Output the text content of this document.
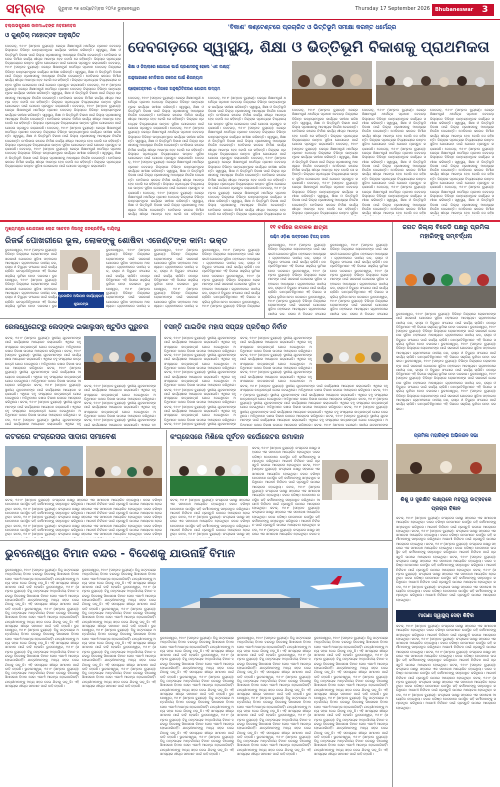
ସମ୍ବାଦ	ଗୁରୁବାର ୧୭ ସେପ୍ଟେମ୍ବର ୨୦୨୬ ଭୁବନେଶ୍ୱର	Thursday 17 September 2026 Bhubaneswar 3
ବଲ୍ଲଭପୁରରେ ନୀଳମାଧବଙ୍କ ନବକଳେବର
ଓ ଗୁଣ୍ଡିଚା ମହୋତ୍ସବ ଅନୁଷ୍ଠିତ
ଦେବଗଡ଼, ୧୬।୯ (ସମ୍ବାଦ ବ୍ୟୁରୋ): କେନ୍ଦ୍ର ଶିକ୍ଷାମନ୍ତ୍ରୀ ଧର୍ମେନ୍ଦ୍ର ପ୍ରଧାନ ଦେବଗଡ଼ ଜିଲ୍ଲାରେ ବିଭିନ୍ନ ଉନ୍ନୟନମୂଳକ କାର୍ଯ୍ୟର ସମୀକ୍ଷା କରିଛନ୍ତି। ସ୍ୱାସ୍ଥ୍ୟ, ଶିକ୍ଷା ଓ ଭିତ୍ତିଭୂମି ବିକାଶ ପାଇଁ ଜିଲ୍ଲା ପ୍ରଶାସନକୁ ଆବଶ୍ୟକ ନିର୍ଦ୍ଦେଶ ଦେଇଛନ୍ତି। ମେଡିକାଲ କଲେଜ ନିର୍ମାଣ କାର୍ଯ୍ୟ ଶୀଘ୍ର ଆରମ୍ଭ ହେବ ବୋଲି ସେ କହିଛନ୍ତି। ଜିଲ୍ଲାର ପ୍ରତ୍ୟେକ ବିଦ୍ୟାଳୟରେ ଉନ୍ନତ ସୁବିଧା ଯୋଗାଇବା ପାଇଁ ଯୋଜନା ପ୍ରସ୍ତୁତ କରାଯାଉଛି। ଦେବଗଡ଼, ୧୬।୯ (ସମ୍ବାଦ ବ୍ୟୁରୋ): କେନ୍ଦ୍ର ଶିକ୍ଷାମନ୍ତ୍ରୀ ଧର୍ମେନ୍ଦ୍ର ପ୍ରଧାନ ଦେବଗଡ଼ ଜିଲ୍ଲାରେ ବିଭିନ୍ନ ଉନ୍ନୟନମୂଳକ କାର୍ଯ୍ୟର ସମୀକ୍ଷା କରିଛନ୍ତି। ସ୍ୱାସ୍ଥ୍ୟ, ଶିକ୍ଷା ଓ ଭିତ୍ତିଭୂମି ବିକାଶ ପାଇଁ ଜିଲ୍ଲା ପ୍ରଶାସନକୁ ଆବଶ୍ୟକ ନିର୍ଦ୍ଦେଶ ଦେଇଛନ୍ତି। ମେଡିକାଲ କଲେଜ ନିର୍ମାଣ କାର୍ଯ୍ୟ ଶୀଘ୍ର ଆରମ୍ଭ ହେବ ବୋଲି ସେ କହିଛନ୍ତି। ଜିଲ୍ଲାର ପ୍ରତ୍ୟେକ ବିଦ୍ୟାଳୟରେ ଉନ୍ନତ ସୁବିଧା ଯୋଗାଇବା ପାଇଁ ଯୋଜନା ପ୍ରସ୍ତୁତ କରାଯାଉଛି। ଦେବଗଡ଼, ୧୬।୯ (ସମ୍ବାଦ ବ୍ୟୁରୋ): କେନ୍ଦ୍ର ଶିକ୍ଷାମନ୍ତ୍ରୀ ଧର୍ମେନ୍ଦ୍ର ପ୍ରଧାନ ଦେବଗଡ଼ ଜିଲ୍ଲାରେ ବିଭିନ୍ନ ଉନ୍ନୟନମୂଳକ କାର୍ଯ୍ୟର ସମୀକ୍ଷା କରିଛନ୍ତି। ସ୍ୱାସ୍ଥ୍ୟ, ଶିକ୍ଷା ଓ ଭିତ୍ତିଭୂମି ବିକାଶ ପାଇଁ ଜିଲ୍ଲା ପ୍ରଶାସନକୁ ଆବଶ୍ୟକ ନିର୍ଦ୍ଦେଶ ଦେଇଛନ୍ତି। ମେଡିକାଲ କଲେଜ ନିର୍ମାଣ କାର୍ଯ୍ୟ ଶୀଘ୍ର ଆରମ୍ଭ ହେବ ବୋଲି ସେ କହିଛନ୍ତି। ଜିଲ୍ଲାର ପ୍ରତ୍ୟେକ ବିଦ୍ୟାଳୟରେ ଉନ୍ନତ ସୁବିଧା ଯୋଗାଇବା ପାଇଁ ଯୋଜନା ପ୍ରସ୍ତୁତ କରାଯାଉଛି। ଦେବଗଡ଼, ୧୬।୯ (ସମ୍ବାଦ ବ୍ୟୁରୋ): କେନ୍ଦ୍ର ଶିକ୍ଷାମନ୍ତ୍ରୀ ଧର୍ମେନ୍ଦ୍ର ପ୍ରଧାନ ଦେବଗଡ଼ ଜିଲ୍ଲାରେ ବିଭିନ୍ନ ଉନ୍ନୟନମୂଳକ କାର୍ଯ୍ୟର ସମୀକ୍ଷା କରିଛନ୍ତି। ସ୍ୱାସ୍ଥ୍ୟ, ଶିକ୍ଷା ଓ ଭିତ୍ତିଭୂମି ବିକାଶ ପାଇଁ ଜିଲ୍ଲା ପ୍ରଶାସନକୁ ଆବଶ୍ୟକ ନିର୍ଦ୍ଦେଶ ଦେଇଛନ୍ତି। ମେଡିକାଲ କଲେଜ ନିର୍ମାଣ କାର୍ଯ୍ୟ ଶୀଘ୍ର ଆରମ୍ଭ ହେବ ବୋଲି ସେ କହିଛନ୍ତି। ଜିଲ୍ଲାର ପ୍ରତ୍ୟେକ ବିଦ୍ୟାଳୟରେ ଉନ୍ନତ ସୁବିଧା ଯୋଗାଇବା ପାଇଁ ଯୋଜନା ପ୍ରସ୍ତୁତ କରାଯାଉଛି। ଦେବଗଡ଼, ୧୬।୯ (ସମ୍ବାଦ ବ୍ୟୁରୋ): କେନ୍ଦ୍ର ଶିକ୍ଷାମନ୍ତ୍ରୀ ଧର୍ମେନ୍ଦ୍ର ପ୍ରଧାନ ଦେବଗଡ଼ ଜିଲ୍ଲାରେ ବିଭିନ୍ନ ଉନ୍ନୟନମୂଳକ କାର୍ଯ୍ୟର ସମୀକ୍ଷା କରିଛନ୍ତି। ସ୍ୱାସ୍ଥ୍ୟ, ଶିକ୍ଷା ଓ ଭିତ୍ତିଭୂମି ବିକାଶ ପାଇଁ ଜିଲ୍ଲା ପ୍ରଶାସନକୁ ଆବଶ୍ୟକ ନିର୍ଦ୍ଦେଶ ଦେଇଛନ୍ତି। ମେଡିକାଲ କଲେଜ ନିର୍ମାଣ କାର୍ଯ୍ୟ ଶୀଘ୍ର ଆରମ୍ଭ ହେବ ବୋଲି ସେ କହିଛନ୍ତି। ଜିଲ୍ଲାର ପ୍ରତ୍ୟେକ ବିଦ୍ୟାଳୟରେ ଉନ୍ନତ ସୁବିଧା ଯୋଗାଇବା ପାଇଁ ଯୋଜନା ପ୍ରସ୍ତୁତ କରାଯାଉଛି। ଦେବଗଡ଼, ୧୬।୯ (ସମ୍ବାଦ ବ୍ୟୁରୋ): କେନ୍ଦ୍ର ଶିକ୍ଷାମନ୍ତ୍ରୀ ଧର୍ମେନ୍ଦ୍ର ପ୍ରଧାନ ଦେବଗଡ଼ ଜିଲ୍ଲାରେ ବିଭିନ୍ନ ଉନ୍ନୟନମୂଳକ କାର୍ଯ୍ୟର ସମୀକ୍ଷା କରିଛନ୍ତି। ସ୍ୱାସ୍ଥ୍ୟ, ଶିକ୍ଷା ଓ ଭିତ୍ତିଭୂମି ବିକାଶ ପାଇଁ ଜିଲ୍ଲା ପ୍ରଶାସନକୁ ଆବଶ୍ୟକ ନିର୍ଦ୍ଦେଶ ଦେଇଛନ୍ତି। ମେଡିକାଲ କଲେଜ ନିର୍ମାଣ କାର୍ଯ୍ୟ ଶୀଘ୍ର ଆରମ୍ଭ ହେବ ବୋଲି ସେ କହିଛନ୍ତି। ଜିଲ୍ଲାର ପ୍ରତ୍ୟେକ ବିଦ୍ୟାଳୟରେ ଉନ୍ନତ ସୁବିଧା ଯୋଗାଇବା ପାଇଁ ଯୋଜନା ପ୍ରସ୍ତୁତ କରାଯାଉଛି।
'ବିକାଶ' କଣ୍ଟେଣ୍ଟରେ ପ୍ରଚାରିତ ଓ ଭିତ୍ତିଭୂମି ସମୀକ୍ଷା କରନ୍ତ ଧର୍ମେନ୍ଦ୍ର
ଦେବଗଡ଼ରେ ସ୍ୱାସ୍ଥ୍ୟ, ଶିକ୍ଷା ଓ ଭିତ୍ତିଭୂମି ବିକାଶକୁ ପ୍ରାଥମିକତା
ଶିକ୍ଷା ଓ ଜିଲ୍ଲାରେ ଯୋଗାଣ ପାଇଁ ପ୍ରଶାସନକୁ ହେଲେ 'ଏକ ଲକ୍ଷ୍ୟ'
ଜାନୁଆରୀରେ ମେଡିକାଲ କଲେଜ ପାଇଁ ଶିଳାନ୍ୟାସ
ପ୍ରୋଜେକ୍ଟରେ ଏ ଦିଗରେ ଅନୁଷ୍ଠିତିକରଣ ଯୋଜନା ଉଦ୍ୟମ
ଦେବଗଡ଼, ୧୬।୯ (ସମ୍ବାଦ ବ୍ୟୁରୋ): କେନ୍ଦ୍ର ଶିକ୍ଷାମନ୍ତ୍ରୀ ଧର୍ମେନ୍ଦ୍ର ପ୍ରଧାନ ଦେବଗଡ଼ ଜିଲ୍ଲାରେ ବିଭିନ୍ନ ଉନ୍ନୟନମୂଳକ କାର୍ଯ୍ୟର ସମୀକ୍ଷା କରିଛନ୍ତି। ସ୍ୱାସ୍ଥ୍ୟ, ଶିକ୍ଷା ଓ ଭିତ୍ତିଭୂମି ବିକାଶ ପାଇଁ ଜିଲ୍ଲା ପ୍ରଶାସନକୁ ଆବଶ୍ୟକ ନିର୍ଦ୍ଦେଶ ଦେଇଛନ୍ତି। ମେଡିକାଲ କଲେଜ ନିର୍ମାଣ କାର୍ଯ୍ୟ ଶୀଘ୍ର ଆରମ୍ଭ ହେବ ବୋଲି ସେ କହିଛନ୍ତି। ଜିଲ୍ଲାର ପ୍ରତ୍ୟେକ ବିଦ୍ୟାଳୟରେ ଉନ୍ନତ ସୁବିଧା ଯୋଗାଇବା ପାଇଁ ଯୋଜନା ପ୍ରସ୍ତୁତ କରାଯାଉଛି। ଦେବଗଡ଼, ୧୬।୯ (ସମ୍ବାଦ ବ୍ୟୁରୋ): କେନ୍ଦ୍ର ଶିକ୍ଷାମନ୍ତ୍ରୀ ଧର୍ମେନ୍ଦ୍ର ପ୍ରଧାନ ଦେବଗଡ଼ ଜିଲ୍ଲାରେ ବିଭିନ୍ନ ଉନ୍ନୟନମୂଳକ କାର୍ଯ୍ୟର ସମୀକ୍ଷା କରିଛନ୍ତି। ସ୍ୱାସ୍ଥ୍ୟ, ଶିକ୍ଷା ଓ ଭିତ୍ତିଭୂମି ବିକାଶ ପାଇଁ ଜିଲ୍ଲା ପ୍ରଶାସନକୁ ଆବଶ୍ୟକ ନିର୍ଦ୍ଦେଶ ଦେଇଛନ୍ତି। ମେଡିକାଲ କଲେଜ ନିର୍ମାଣ କାର୍ଯ୍ୟ ଶୀଘ୍ର ଆରମ୍ଭ ହେବ ବୋଲି ସେ କହିଛନ୍ତି। ଜିଲ୍ଲାର ପ୍ରତ୍ୟେକ ବିଦ୍ୟାଳୟରେ ଉନ୍ନତ ସୁବିଧା ଯୋଗାଇବା ପାଇଁ ଯୋଜନା ପ୍ରସ୍ତୁତ କରାଯାଉଛି। ଦେବଗଡ଼, ୧୬।୯ (ସମ୍ବାଦ ବ୍ୟୁରୋ): କେନ୍ଦ୍ର ଶିକ୍ଷାମନ୍ତ୍ରୀ ଧର୍ମେନ୍ଦ୍ର ପ୍ରଧାନ ଦେବଗଡ଼ ଜିଲ୍ଲାରେ ବିଭିନ୍ନ ଉନ୍ନୟନମୂଳକ କାର୍ଯ୍ୟର ସମୀକ୍ଷା କରିଛନ୍ତି। ସ୍ୱାସ୍ଥ୍ୟ, ଶିକ୍ଷା ଓ ଭିତ୍ତିଭୂମି ବିକାଶ ପାଇଁ ଜିଲ୍ଲା ପ୍ରଶାସନକୁ ଆବଶ୍ୟକ ନିର୍ଦ୍ଦେଶ ଦେଇଛନ୍ତି। ମେଡିକାଲ କଲେଜ ନିର୍ମାଣ କାର୍ଯ୍ୟ ଶୀଘ୍ର ଆରମ୍ଭ ହେବ ବୋଲି ସେ କହିଛନ୍ତି। ଜିଲ୍ଲାର ପ୍ରତ୍ୟେକ ବିଦ୍ୟାଳୟରେ ଉନ୍ନତ ସୁବିଧା ଯୋଗାଇବା ପାଇଁ ଯୋଜନା ପ୍ରସ୍ତୁତ କରାଯାଉଛି। ଦେବଗଡ଼, ୧୬।୯ (ସମ୍ବାଦ ବ୍ୟୁରୋ): କେନ୍ଦ୍ର ଶିକ୍ଷାମନ୍ତ୍ରୀ ଧର୍ମେନ୍ଦ୍ର ପ୍ରଧାନ ଦେବଗଡ଼ ଜିଲ୍ଲାରେ ବିଭିନ୍ନ ଉନ୍ନୟନମୂଳକ କାର୍ଯ୍ୟର ସମୀକ୍ଷା କରିଛନ୍ତି। ସ୍ୱାସ୍ଥ୍ୟ, ଶିକ୍ଷା ଓ ଭିତ୍ତିଭୂମି ବିକାଶ ପାଇଁ ଜିଲ୍ଲା ପ୍ରଶାସନକୁ ଆବଶ୍ୟକ ନିର୍ଦ୍ଦେଶ ଦେଇଛନ୍ତି। ମେଡିକାଲ କଲେଜ ନିର୍ମାଣ କାର୍ଯ୍ୟ ଶୀଘ୍ର ଆରମ୍ଭ ହେବ ବୋଲି ସେ କହିଛନ୍ତି।
ଦେବଗଡ଼, ୧୬।୯ (ସମ୍ବାଦ ବ୍ୟୁରୋ): କେନ୍ଦ୍ର ଶିକ୍ଷାମନ୍ତ୍ରୀ ଧର୍ମେନ୍ଦ୍ର ପ୍ରଧାନ ଦେବଗଡ଼ ଜିଲ୍ଲାରେ ବିଭିନ୍ନ ଉନ୍ନୟନମୂଳକ କାର୍ଯ୍ୟର ସମୀକ୍ଷା କରିଛନ୍ତି। ସ୍ୱାସ୍ଥ୍ୟ, ଶିକ୍ଷା ଓ ଭିତ୍ତିଭୂମି ବିକାଶ ପାଇଁ ଜିଲ୍ଲା ପ୍ରଶାସନକୁ ଆବଶ୍ୟକ ନିର୍ଦ୍ଦେଶ ଦେଇଛନ୍ତି। ମେଡିକାଲ କଲେଜ ନିର୍ମାଣ କାର୍ଯ୍ୟ ଶୀଘ୍ର ଆରମ୍ଭ ହେବ ବୋଲି ସେ କହିଛନ୍ତି। ଜିଲ୍ଲାର ପ୍ରତ୍ୟେକ ବିଦ୍ୟାଳୟରେ ଉନ୍ନତ ସୁବିଧା ଯୋଗାଇବା ପାଇଁ ଯୋଜନା ପ୍ରସ୍ତୁତ କରାଯାଉଛି। ଦେବଗଡ଼, ୧୬।୯ (ସମ୍ବାଦ ବ୍ୟୁରୋ): କେନ୍ଦ୍ର ଶିକ୍ଷାମନ୍ତ୍ରୀ ଧର୍ମେନ୍ଦ୍ର ପ୍ରଧାନ ଦେବଗଡ଼ ଜିଲ୍ଲାରେ ବିଭିନ୍ନ ଉନ୍ନୟନମୂଳକ କାର୍ଯ୍ୟର ସମୀକ୍ଷା କରିଛନ୍ତି। ସ୍ୱାସ୍ଥ୍ୟ, ଶିକ୍ଷା ଓ ଭିତ୍ତିଭୂମି ବିକାଶ ପାଇଁ ଜିଲ୍ଲା ପ୍ରଶାସନକୁ ଆବଶ୍ୟକ ନିର୍ଦ୍ଦେଶ ଦେଇଛନ୍ତି। ମେଡିକାଲ କଲେଜ ନିର୍ମାଣ କାର୍ଯ୍ୟ ଶୀଘ୍ର ଆରମ୍ଭ ହେବ ବୋଲି ସେ କହିଛନ୍ତି। ଜିଲ୍ଲାର ପ୍ରତ୍ୟେକ ବିଦ୍ୟାଳୟରେ ଉନ୍ନତ ସୁବିଧା ଯୋଗାଇବା ପାଇଁ ଯୋଜନା ପ୍ରସ୍ତୁତ କରାଯାଉଛି। ଦେବଗଡ଼, ୧୬।୯ (ସମ୍ବାଦ ବ୍ୟୁରୋ): କେନ୍ଦ୍ର ଶିକ୍ଷାମନ୍ତ୍ରୀ ଧର୍ମେନ୍ଦ୍ର ପ୍ରଧାନ ଦେବଗଡ଼ ଜିଲ୍ଲାରେ ବିଭିନ୍ନ ଉନ୍ନୟନମୂଳକ କାର୍ଯ୍ୟର ସମୀକ୍ଷା କରିଛନ୍ତି। ସ୍ୱାସ୍ଥ୍ୟ, ଶିକ୍ଷା ଓ ଭିତ୍ତିଭୂମି ବିକାଶ ପାଇଁ ଜିଲ୍ଲା ପ୍ରଶାସନକୁ ଆବଶ୍ୟକ ନିର୍ଦ୍ଦେଶ ଦେଇଛନ୍ତି। ମେଡିକାଲ କଲେଜ ନିର୍ମାଣ କାର୍ଯ୍ୟ ଶୀଘ୍ର ଆରମ୍ଭ ହେବ ବୋଲି ସେ କହିଛନ୍ତି। ଜିଲ୍ଲାର ପ୍ରତ୍ୟେକ ବିଦ୍ୟାଳୟରେ ଉନ୍ନତ ସୁବିଧା ଯୋଗାଇବା ପାଇଁ ଯୋଜନା ପ୍ରସ୍ତୁତ କରାଯାଉଛି। ଦେବଗଡ଼, ୧୬।୯ (ସମ୍ବାଦ ବ୍ୟୁରୋ): କେନ୍ଦ୍ର ଶିକ୍ଷାମନ୍ତ୍ରୀ ଧର୍ମେନ୍ଦ୍ର ପ୍ରଧାନ ଦେବଗଡ଼ ଜିଲ୍ଲାରେ ବିଭିନ୍ନ ଉନ୍ନୟନମୂଳକ କାର୍ଯ୍ୟର ସମୀକ୍ଷା କରିଛନ୍ତି। ସ୍ୱାସ୍ଥ୍ୟ, ଶିକ୍ଷା ଓ ଭିତ୍ତିଭୂମି ବିକାଶ ପାଇଁ ଜିଲ୍ଲା ପ୍ରଶାସନକୁ ଆବଶ୍ୟକ ନିର୍ଦ୍ଦେଶ ଦେଇଛନ୍ତି। ମେଡିକାଲ କଲେଜ ନିର୍ମାଣ କାର୍ଯ୍ୟ ଶୀଘ୍ର ଆରମ୍ଭ ହେବ ବୋଲି ସେ କହିଛନ୍ତି। ଜିଲ୍ଲାର ପ୍ରତ୍ୟେକ ବିଦ୍ୟାଳୟରେ ଉ
ଦେବଗଡ଼, ୧୬।୯ (ସମ୍ବାଦ ବ୍ୟୁରୋ): କେନ୍ଦ୍ର ଶିକ୍ଷାମନ୍ତ୍ରୀ ଧର୍ମେନ୍ଦ୍ର ପ୍ରଧାନ ଦେବଗଡ଼ ଜିଲ୍ଲାରେ ବିଭିନ୍ନ ଉନ୍ନୟନମୂଳକ କାର୍ଯ୍ୟର ସମୀକ୍ଷା କରିଛନ୍ତି। ସ୍ୱାସ୍ଥ୍ୟ, ଶିକ୍ଷା ଓ ଭିତ୍ତିଭୂମି ବିକାଶ ପାଇଁ ଜିଲ୍ଲା ପ୍ରଶାସନକୁ ଆବଶ୍ୟକ ନିର୍ଦ୍ଦେଶ ଦେଇଛନ୍ତି। ମେଡିକାଲ କଲେଜ ନିର୍ମାଣ କାର୍ଯ୍ୟ ଶୀଘ୍ର ଆରମ୍ଭ ହେବ ବୋଲି ସେ କହିଛନ୍ତି। ଜିଲ୍ଲାର ପ୍ରତ୍ୟେକ ବିଦ୍ୟାଳୟରେ ଉନ୍ନତ ସୁବିଧା ଯୋଗାଇବା ପାଇଁ ଯୋଜନା ପ୍ରସ୍ତୁତ କରାଯାଉଛି। ଦେବଗଡ଼, ୧୬।୯ (ସମ୍ବାଦ ବ୍ୟୁରୋ): କେନ୍ଦ୍ର ଶିକ୍ଷାମନ୍ତ୍ରୀ ଧର୍ମେନ୍ଦ୍ର ପ୍ରଧାନ ଦେବଗଡ଼ ଜିଲ୍ଲାରେ ବିଭିନ୍ନ ଉନ୍ନୟନମୂଳକ କାର୍ଯ୍ୟର ସମୀକ୍ଷା କରିଛନ୍ତି। ସ୍ୱାସ୍ଥ୍ୟ, ଶିକ୍ଷା ଓ ଭିତ୍ତିଭୂମି ବିକାଶ ପାଇଁ ଜିଲ୍ଲା ପ୍ରଶାସନକୁ ଆବଶ୍ୟକ ନିର୍ଦ୍ଦେଶ ଦେଇଛନ୍ତି। ମେଡିକାଲ କଲେଜ ନିର୍ମାଣ କାର୍ଯ୍ୟ ଶୀଘ୍ର ଆରମ୍ଭ ହେବ ବୋଲି ସେ କହିଛନ୍ତି। ଜିଲ୍ଲାର ପ୍ରତ୍ୟେକ ବିଦ୍ୟାଳୟରେ ଉନ୍ନତ ସୁବିଧା ଯୋଗାଇବା ପାଇଁ ଯୋଜନା ପ୍ରସ୍ତୁତ କରାଯାଉଛି। ଦେବଗଡ଼, ୧୬।୯ (ସମ୍ବାଦ ବ୍ୟୁରୋ): କେନ୍ଦ୍ର ଶିକ୍ଷାମନ୍ତ୍ରୀ ଧର୍ମେନ୍ଦ୍ର ପ୍ରଧାନ ଦେବଗଡ଼ ଜିଲ୍ଲାରେ ବିଭିନ୍ନ ଉନ୍ନୟନମୂଳକ କାର୍ଯ୍ୟର ସମୀକ୍ଷା କରିଛନ୍ତି। ସ୍ୱାସ୍ଥ୍ୟ, ଶିକ୍ଷା ଓ ଭିତ୍ତିଭୂମି ବିକାଶ ପାଇଁ ଜିଲ୍ଲା ପ୍ରଶାସନକୁ ଆବଶ୍ୟକ ନିର୍ଦ୍ଦେଶ ଦେଇଛନ୍ତି। ମେଡିକାଲ କଲେଜ ନିର୍ମାଣ କାର୍ଯ୍ୟ ଶୀଘ୍ର ଆରମ୍ଭ ହେବ ବୋଲି ସେ କହିଛନ୍ତି। ଜିଲ୍ଲାର ପ୍ରତ୍ୟେକ ବିଦ୍ୟାଳୟରେ ଉନ୍ନତ ସୁବିଧା
ଦେବଗଡ଼, ୧୬।୯ (ସମ୍ବାଦ ବ୍ୟୁରୋ): କେନ୍ଦ୍ର ଶିକ୍ଷାମନ୍ତ୍ରୀ ଧର୍ମେନ୍ଦ୍ର ପ୍ରଧାନ ଦେବଗଡ଼ ଜିଲ୍ଲାରେ ବିଭିନ୍ନ ଉନ୍ନୟନମୂଳକ କାର୍ଯ୍ୟର ସମୀକ୍ଷା କରିଛନ୍ତି। ସ୍ୱାସ୍ଥ୍ୟ, ଶିକ୍ଷା ଓ ଭିତ୍ତିଭୂମି ବିକାଶ ପାଇଁ ଜିଲ୍ଲା ପ୍ରଶାସନକୁ ଆବଶ୍ୟକ ନିର୍ଦ୍ଦେଶ ଦେଇଛନ୍ତି। ମେଡିକାଲ କଲେଜ ନିର୍ମାଣ କାର୍ଯ୍ୟ ଶୀଘ୍ର ଆରମ୍ଭ ହେବ ବୋଲି ସେ କହିଛନ୍ତି। ଜିଲ୍ଲାର ପ୍ରତ୍ୟେକ ବିଦ୍ୟାଳୟରେ ଉନ୍ନତ ସୁବିଧା ଯୋଗାଇବା ପାଇଁ ଯୋଜନା ପ୍ରସ୍ତୁତ କରାଯାଉଛି। ଦେବଗଡ଼, ୧୬।୯ (ସମ୍ବାଦ ବ୍ୟୁରୋ): କେନ୍ଦ୍ର ଶିକ୍ଷାମନ୍ତ୍ରୀ ଧର୍ମେନ୍ଦ୍ର ପ୍ରଧାନ ଦେବଗଡ଼ ଜିଲ୍ଲାରେ ବିଭିନ୍ନ ଉନ୍ନୟନମୂଳକ କାର୍ଯ୍ୟର ସମୀକ୍ଷା କରିଛନ୍ତି। ସ୍ୱାସ୍ଥ୍ୟ, ଶିକ୍ଷା ଓ ଭିତ୍ତିଭୂମି ବିକାଶ ପାଇଁ ଜିଲ୍ଲା ପ୍ରଶାସନକୁ ଆବଶ୍ୟକ ନିର୍ଦ୍ଦେଶ ଦେଇଛନ୍ତି। ମେଡିକାଲ କଲେଜ ନିର୍ମାଣ କାର୍ଯ୍ୟ ଶୀଘ୍ର ଆରମ୍ଭ ହେବ ବୋଲି ସେ କହିଛନ୍ତି। ଜିଲ୍ଲାର ପ୍ରତ୍ୟେକ ବିଦ୍ୟାଳୟରେ ଉନ୍ନତ ସୁବିଧା ଯୋଗାଇବା ପାଇଁ ଯୋଜନା ପ୍ରସ୍ତୁତ କରାଯାଉଛି। ଦେବଗଡ଼, ୧୬।୯ (ସମ୍ବାଦ ବ୍ୟୁରୋ): କେନ୍ଦ୍ର ଶିକ୍ଷାମନ୍ତ୍ରୀ ଧର୍ମେନ୍ଦ୍ର ପ୍ରଧାନ ଦେବଗଡ଼ ଜିଲ୍ଲାରେ ବିଭିନ୍ନ ଉନ୍ନୟନମୂଳକ କାର୍ଯ୍ୟର ସମୀକ୍ଷା କରିଛନ୍ତି। ସ୍ୱାସ୍ଥ୍ୟ, ଶିକ୍ଷା ଓ ଭିତ୍ତିଭୂମି ବିକାଶ ପାଇଁ ଜିଲ୍ଲା ପ୍ରଶାସନକୁ ଆବଶ୍ୟକ ନିର୍ଦ୍ଦେଶ ଦେଇଛନ୍ତି। ମେଡିକାଲ କଲେଜ ନିର୍ମାଣ କାର୍ଯ୍ୟ ଶୀଘ୍ର ଆରମ୍ଭ ହେବ ବୋଲି ସେ କହିଛ
ଦେବଗଡ଼, ୧୬।୯ (ସମ୍ବାଦ ବ୍ୟୁରୋ): କେନ୍ଦ୍ର ଶିକ୍ଷାମନ୍ତ୍ରୀ ଧର୍ମେନ୍ଦ୍ର ପ୍ରଧାନ ଦେବଗଡ଼ ଜିଲ୍ଲାରେ ବିଭିନ୍ନ ଉନ୍ନୟନମୂଳକ କାର୍ଯ୍ୟର ସମୀକ୍ଷା କରିଛନ୍ତି। ସ୍ୱାସ୍ଥ୍ୟ, ଶିକ୍ଷା ଓ ଭିତ୍ତିଭୂମି ବିକାଶ ପାଇଁ ଜିଲ୍ଲା ପ୍ରଶାସନକୁ ଆବଶ୍ୟକ ନିର୍ଦ୍ଦେଶ ଦେଇଛନ୍ତି। ମେଡିକାଲ କଲେଜ ନିର୍ମାଣ କାର୍ଯ୍ୟ ଶୀଘ୍ର ଆରମ୍ଭ ହେବ ବୋଲି ସେ କହିଛନ୍ତି। ଜିଲ୍ଲାର ପ୍ରତ୍ୟେକ ବିଦ୍ୟାଳୟରେ ଉନ୍ନତ ସୁବିଧା ଯୋଗାଇବା ପାଇଁ ଯୋଜନା ପ୍ରସ୍ତୁତ କରାଯାଉଛି। ଦେବଗଡ଼, ୧୬।୯ (ସମ୍ବାଦ ବ୍ୟୁରୋ): କେନ୍ଦ୍ର ଶିକ୍ଷାମନ୍ତ୍ରୀ ଧର୍ମେନ୍ଦ୍ର ପ୍ରଧାନ ଦେବଗଡ଼ ଜିଲ୍ଲାରେ ବିଭିନ୍ନ ଉନ୍ନୟନମୂଳକ କାର୍ଯ୍ୟର ସମୀକ୍ଷା କରିଛନ୍ତି। ସ୍ୱାସ୍ଥ୍ୟ, ଶିକ୍ଷା ଓ ଭିତ୍ତିଭୂମି ବିକାଶ ପାଇଁ ଜିଲ୍ଲା ପ୍ରଶାସନକୁ ଆବଶ୍ୟକ ନିର୍ଦ୍ଦେଶ ଦେଇଛନ୍ତି। ମେଡିକାଲ କଲେଜ ନିର୍ମାଣ କାର୍ଯ୍ୟ ଶୀଘ୍ର ଆରମ୍ଭ ହେବ ବୋଲି ସେ କହିଛନ୍ତି। ଜିଲ୍ଲାର ପ୍ରତ୍ୟେକ ବିଦ୍ୟାଳୟରେ ଉନ୍ନତ ସୁବିଧା ଯୋଗାଇବା ପାଇଁ ଯୋଜନା ପ୍ରସ୍ତୁତ କରାଯାଉଛି। ଦେବଗଡ଼, ୧୬।୯ (ସମ୍ବାଦ ବ୍ୟୁରୋ): କେନ୍ଦ୍ର ଶିକ୍ଷାମନ୍ତ୍ରୀ ଧର୍ମେନ୍ଦ୍ର ପ୍ରଧାନ ଦେବଗଡ଼ ଜିଲ୍ଲାରେ ବିଭିନ୍ନ ଉନ୍ନୟନମୂଳକ କାର୍ଯ୍ୟର ସମୀକ୍ଷା କରିଛନ୍ତି। ସ୍ୱାସ୍ଥ୍ୟ, ଶିକ୍ଷା ଓ ଭିତ୍ତିଭୂମି ବିକାଶ ପାଇଁ ଜିଲ୍ଲା ପ୍ରଶାସନକୁ ଆବଶ୍ୟକ ନିର୍ଦ୍ଦେଶ ଦେଇଛନ୍ତି। ମେଡିକାଲ କଲେଜ ନିର୍ମାଣ କାର୍ଯ୍ୟ ଶୀଘ୍ର ଆରମ୍ଭ ହେବ ବୋଲି ସେ କହିଛ
ମୁଖ୍ୟମନ୍ତ୍ରୀ ଯୋଜନାରେ ଲୋକ ସଚେତନ ନିଅନ୍ତୁ ଜନପ୍ରତିନିଧି ଦାୟିତ୍ୱ
ରିଜର୍ଭ ପୋଖରୀରେ ଭୂଲ, ଲୋକଙ୍କୁ ଶୋଷିବା ଏଜେଣ୍ଟଙ୍କ କାମ: ଭକ୍ତ
ଭୁବନେଶ୍ୱର, ୧୬।୯ (ସମ୍ବାଦ ବ୍ୟୁରୋ): ବିଭିନ୍ନ ଜିଲ୍ଲାରେ ଲୋକମାନଙ୍କ ପାଇଁ ସରକାରୀ ଯୋଜନାର ସୁବିଧା ପହଞ୍ଚାଇବା ଆବଶ୍ୟକ। ଗ୍ରାମାଞ୍ଚଳରେ ପାନୀୟ ଜଳ, ରାସ୍ତା ଓ ବିଦ୍ୟୁତ ସଂଯୋଗ ପାଇଁ କାର୍ଯ୍ୟ ଚାଲିଛି। ଜନପ୍ରତିନିଧିମାନେ ଏହି ଦିଗରେ ସକ୍ରିୟ ଭୂମିକା ନେବା ଦରକାର। ଭୁବନେଶ୍ୱର, ୧୬।୯ (ସମ୍ବାଦ ବ୍ୟୁରୋ): ବିଭିନ୍ନ ଜିଲ୍ଲାରେ ଲୋକମାନଙ୍କ ପାଇଁ ସରକାରୀ ଯୋଜନାର ସୁବିଧା ପହଞ୍ଚାଇବା ଆବଶ୍ୟକ। ଗ୍ରାମାଞ୍ଚଳରେ ପାନୀୟ ଜଳ, ରାସ୍ତା ଓ ବିଦ୍ୟୁତ ସଂଯୋଗ ପାଇଁ କାର୍ଯ୍ୟ ଚାଲିଛି। ଜନପ୍ରତିନିଧିମାନେ ଏହି ଦିଗରେ ସକ୍ରିୟ ଭୂମିକା ନେବା ଦରକାର। ଭୁବ
ପ୍ରସାରିତ ଅଭିଯାନ କାର୍ଯ୍ୟକ୍ରମ ଶୁଭାରମ୍ଭ
ଭୁବନେଶ୍ୱର, ୧୬।୯ (ସମ୍ବାଦ ବ୍ୟୁରୋ): ବିଭିନ୍ନ ଜିଲ୍ଲାରେ ଲୋକମାନଙ୍କ ପାଇଁ ସରକାରୀ ଯୋଜନାର ସୁବିଧା ପହଞ୍ଚାଇବା ଆବଶ୍ୟକ। ଗ୍ରାମାଞ୍ଚଳରେ ପାନୀୟ ଜଳ, ରାସ୍ତା ଓ ବିଦ୍ୟୁତ ସଂଯୋଗ ପାଇଁ କାର୍ଯ୍ୟ ଚାଲିଛି। ଜନପ୍ରତିନିଧିମାନେ ଏହି ଦିଗରେ ସକ୍ରିୟ ଭୂମିକା ନେବା ଦରକାର। ଭୁବନେଶ୍ୱର, ୧୬।୯ (ସମ୍ବାଦ ବ୍ୟୁରୋ): ବିଭିନ୍ନ ଜିଲ୍ଲାରେ ଲୋକମାନଙ୍କ ପାଇଁ ସରକାରୀ ଯୋଜନାର ସୁବିଧା ପହଞ୍ଚାଇବା ଆବଶ୍ୟକ। ଗ୍ରାମାଞ୍ଚଳରେ ପାନୀୟ ଜ
ଭୁବନେଶ୍ୱର, ୧୬।୯ (ସମ୍ବାଦ ବ୍ୟୁରୋ): ବିଭିନ୍ନ ଜିଲ୍ଲାରେ ଲୋକମାନଙ୍କ ପାଇଁ ସରକାରୀ ଯୋଜନାର ସୁବିଧା ପହଞ୍ଚାଇବା ଆବଶ୍ୟକ। ଗ୍ରାମାଞ୍ଚଳରେ ପାନୀୟ ଜଳ, ରାସ୍ତା ଓ ବିଦ୍ୟୁତ ସଂଯୋଗ ପାଇଁ କାର୍ଯ୍ୟ ଚାଲିଛି। ଜନପ୍ରତିନିଧିମାନେ ଏହି ଦିଗରେ ସକ୍ରିୟ ଭୂମିକା ନେବା ଦରକାର। ଭୁବନେଶ୍ୱର, ୧୬।୯ (ସମ୍ବାଦ ବ୍ୟୁରୋ): ବିଭିନ୍ନ ଜିଲ୍ଲାରେ ଲୋକମାନଙ୍କ ପାଇଁ ସରକାରୀ ଯୋଜନାର ସୁବିଧା ପହଞ୍ଚାଇବା ଆବଶ୍ୟକ। ଗ୍ରାମାଞ୍ଚଳରେ ପାନୀୟ ଜ
ଭୁବନେଶ୍ୱର, ୧୬।୯ (ସମ୍ବାଦ ବ୍ୟୁରୋ): ବିଭିନ୍ନ ଜିଲ୍ଲାରେ ଲୋକମାନଙ୍କ ପାଇଁ ସରକାରୀ ଯୋଜନାର ସୁବିଧା ପହଞ୍ଚାଇବା ଆବଶ୍ୟକ। ଗ୍ରାମାଞ୍ଚଳରେ ପାନୀୟ ଜଳ, ରାସ୍ତା ଓ ବିଦ୍ୟୁତ ସଂଯୋଗ ପାଇଁ କାର୍ଯ୍ୟ ଚାଲିଛି। ଜନପ୍ରତିନିଧିମାନେ ଏହି ଦିଗରେ ସକ୍ରିୟ ଭୂମିକା ନେବା ଦରକାର। ଭୁବନେଶ୍ୱର, ୧୬।୯ (ସମ୍ବାଦ ବ୍ୟୁରୋ): ବିଭିନ୍ନ ଜିଲ୍ଲାରେ ଲୋକମାନଙ୍କ ପାଇଁ ସରକାରୀ ଯୋଜନାର ସୁବିଧା ପହଞ୍ଚାଇବା ଆବଶ୍ୟକ। ଗ୍ରାମାଞ୍ଚଳରେ ପାନୀୟ ଜଳ, ରାସ୍ତା ଓ ବିଦ୍ୟୁତ ସଂଯୋଗ ପାଇଁ କାର୍ଯ୍ୟ ଚାଲିଛି। ଜନପ୍ରତିନିଧିମାନେ ଏହି ଦିଗରେ ସକ୍ରିୟ ଭୂମିକା ନେବା ଦରକାର। ଭୁବନେଶ୍ୱର, ୧୬।୯ (ସମ୍ବାଦ ବ୍ୟୁରୋ): ବିଭିନ୍ନ ଜିଲ୍ଲାରେ
୧୧ ବର୍ଷରେ ନାବାଳକ ଛାତ୍ରୀ
ପଶ୍ଚିମ ଓଡ଼ିଶା ଉତ୍ତରରେ ବିଜୟ ହାସଲ
ଭୁବନେଶ୍ୱର, ୧୬।୯ (ସମ୍ବାଦ ବ୍ୟୁରୋ): ବିଭିନ୍ନ ଜିଲ୍ଲାରେ ଲୋକମାନଙ୍କ ପାଇଁ ସରକାରୀ ଯୋଜନାର ସୁବିଧା ପହଞ୍ଚାଇବା ଆବଶ୍ୟକ। ଗ୍ରାମାଞ୍ଚଳରେ ପାନୀୟ ଜଳ, ରାସ୍ତା ଓ ବିଦ୍ୟୁତ ସଂଯୋଗ ପାଇଁ କାର୍ଯ୍ୟ ଚାଲିଛି। ଜନପ୍ରତିନିଧିମାନେ ଏହି ଦିଗରେ ସକ୍ରିୟ ଭୂମିକା ନେବା ଦରକାର। ଭୁବନେଶ୍ୱର, ୧୬।୯ (ସମ୍ବାଦ ବ୍ୟୁରୋ): ବିଭିନ୍ନ ଜିଲ୍ଲାରେ ଲୋକମାନଙ୍କ ପାଇଁ ସରକାରୀ ଯୋଜନାର ସୁବିଧା ପହଞ୍ଚାଇବା ଆବଶ୍ୟକ। ଗ୍ରାମାଞ୍ଚଳରେ ପାନୀୟ ଜଳ, ରାସ୍ତା ଓ ବିଦ୍ୟୁତ ସଂଯୋଗ ପାଇଁ କାର୍ଯ୍ୟ ଚାଲିଛି। ଜନପ୍ରତିନିଧିମାନେ ଏହି ଦିଗରେ ସକ୍ରିୟ ଭୂମିକା ନେବା ଦରକାର। ଭୁବନେଶ୍ୱର, ୧୬।୯ (ସମ୍ବାଦ ବ୍ୟୁରୋ): ବିଭିନ୍ନ ଜିଲ୍ଲାରେ ଲୋକମାନଙ୍କ ପାଇଁ ସରକାରୀ ଯୋଜନାର ସୁବିଧା ପହଞ୍ଚାଇବା ଆବଶ୍ୟକ। ଗ୍ରାମାଞ୍ଚଳରେ ପାନୀୟ ଜଳ, ରାସ୍ତା ଓ ବିଦ୍ୟୁତ ସଂଯୋଗ
ଭୁବନେଶ୍ୱର, ୧୬।୯ (ସମ୍ବାଦ ବ୍ୟୁରୋ): ବିଭିନ୍ନ ଜିଲ୍ଲାରେ ଲୋକମାନଙ୍କ ପାଇଁ ସରକାରୀ ଯୋଜନାର ସୁବିଧା ପହଞ୍ଚାଇବା ଆବଶ୍ୟକ। ଗ୍ରାମାଞ୍ଚଳରେ ପାନୀୟ ଜଳ, ରାସ୍ତା ଓ ବିଦ୍ୟୁତ ସଂଯୋଗ ପାଇଁ କାର୍ଯ୍ୟ ଚାଲିଛି। ଜନପ୍ରତିନିଧିମାନେ ଏହି ଦିଗରେ ସକ୍ରିୟ ଭୂମିକା ନେବା ଦରକାର। ଭୁବନେଶ୍ୱର, ୧୬।୯ (ସମ୍ବାଦ ବ୍ୟୁରୋ): ବିଭିନ୍ନ ଜିଲ୍ଲାରେ ଲୋକମାନଙ୍କ ପାଇଁ ସରକାରୀ ଯୋଜନାର ସୁବିଧା ପହଞ୍ଚାଇବା ଆବଶ୍ୟକ। ଗ୍ରାମାଞ୍ଚଳରେ ପାନୀୟ ଜଳ, ରାସ୍ତା ଓ ବିଦ୍ୟୁତ ସଂଯୋଗ ପାଇଁ କାର୍ଯ୍ୟ ଚାଲିଛି। ଜନପ୍ରତିନିଧିମାନେ ଏହି ଦିଗରେ ସକ୍ରିୟ ଭୂମିକା ନେବା ଦରକାର। ଭୁବନେଶ୍ୱର, ୧୬।୯ (ସମ୍ବାଦ ବ୍ୟୁରୋ): ବିଭିନ୍ନ ଜିଲ୍ଲାରେ ଲୋକମାନଙ୍କ ପାଇଁ ସରକାରୀ ଯୋଜନାର ସୁବିଧା ପହଞ୍ଚାଇବା ଆବଶ୍ୟକ। ଗ୍ରାମାଞ୍ଚଳରେ ପାନୀୟ ଜଳ, ରାସ୍ତା ଓ ବିଦ୍ୟୁତ ସଂଯୋଗ
ଜଗତ ଜିଲ୍ଲା ବିଜେଡି ପକ୍ଷରୁ ପ୍ରମିଳା ମହାରିଙ୍କୁ ସମ୍ବର୍ଦ୍ଧନା
ଭୁବନେଶ୍ୱର, ୧୬।୯ (ସମ୍ବାଦ ବ୍ୟୁରୋ): ବିଭିନ୍ନ ଜିଲ୍ଲାରେ ଲୋକମାନଙ୍କ ପାଇଁ ସରକାରୀ ଯୋଜନାର ସୁବିଧା ପହଞ୍ଚାଇବା ଆବଶ୍ୟକ। ଗ୍ରାମାଞ୍ଚଳରେ ପାନୀୟ ଜଳ, ରାସ୍ତା ଓ ବିଦ୍ୟୁତ ସଂଯୋଗ ପାଇଁ କାର୍ଯ୍ୟ ଚାଲିଛି। ଜନପ୍ରତିନିଧିମାନେ ଏହି ଦିଗରେ ସକ୍ରିୟ ଭୂମିକା ନେବା ଦରକାର। ଭୁବନେଶ୍ୱର, ୧୬।୯ (ସମ୍ବାଦ ବ୍ୟୁରୋ): ବିଭିନ୍ନ ଜିଲ୍ଲାରେ ଲୋକମାନଙ୍କ ପାଇଁ ସରକାରୀ ଯୋଜନାର ସୁବିଧା ପହଞ୍ଚାଇବା ଆବଶ୍ୟକ। ଗ୍ରାମାଞ୍ଚଳରେ ପାନୀୟ ଜଳ, ରାସ୍ତା ଓ ବିଦ୍ୟୁତ ସଂଯୋଗ ପାଇଁ କାର୍ଯ୍ୟ ଚାଲିଛି। ଜନପ୍ରତିନିଧିମାନେ ଏହି ଦିଗରେ ସକ୍ରିୟ ଭୂମିକା ନେବା ଦରକାର। ଭୁବନେଶ୍ୱର, ୧୬।୯ (ସମ୍ବାଦ ବ୍ୟୁରୋ): ବିଭିନ୍ନ ଜିଲ୍ଲାରେ ଲୋକମାନଙ୍କ ପାଇଁ ସରକାରୀ ଯୋଜନାର ସୁବିଧା ପହଞ୍ଚାଇବା ଆବଶ୍ୟକ। ଗ୍ରାମାଞ୍ଚଳରେ ପାନୀୟ ଜଳ, ରାସ୍ତା ଓ ବିଦ୍ୟୁତ ସଂଯୋଗ ପାଇଁ କାର୍ଯ୍ୟ ଚାଲିଛି। ଜନପ୍ରତିନିଧିମାନେ ଏହି ଦିଗରେ ସକ୍ରିୟ ଭୂମିକା ନେବା ଦରକାର। ଭୁବନେଶ୍ୱର, ୧୬।୯ (ସମ୍ବାଦ ବ୍ୟୁରୋ): ବିଭିନ୍ନ ଜିଲ୍ଲାରେ ଲୋକମାନଙ୍କ ପାଇଁ ସରକାରୀ ଯୋଜନାର ସୁବିଧା ପହଞ୍ଚାଇବା ଆବଶ୍ୟକ। ଗ୍ରାମାଞ୍ଚଳରେ ପାନୀୟ ଜଳ, ରାସ୍ତା ଓ ବିଦ୍ୟୁତ ସଂଯୋଗ ପାଇଁ କାର୍ଯ୍ୟ ଚାଲିଛି। ଜନପ୍ରତିନିଧିମାନେ ଏହି ଦିଗରେ ସକ୍ରିୟ ଭୂମିକା ନେବା ଦରକାର। ଭୁବନେଶ୍ୱର, ୧୬।୯ (ସମ୍ବାଦ ବ୍ୟୁରୋ): ବିଭିନ୍ନ ଜିଲ୍ଲାରେ ଲୋକମାନଙ୍କ ପାଇଁ ସରକାରୀ ଯୋଜନାର ସୁବିଧା ପହଞ୍ଚାଇବା ଆବଶ୍ୟକ। ଗ୍ରାମାଞ୍ଚଳରେ ପାନୀୟ ଜଳ, ରାସ୍ତା ଓ ବିଦ୍ୟୁତ ସଂଯୋଗ ପାଇଁ କାର୍ଯ୍ୟ ଚାଲିଛି। ଜନପ୍ରତିନିଧିମାନେ ଏହି ଦିଗରେ ସକ୍ରିୟ ଭୂମିକା ନେବା ଦରକାର। ଭୁବନେଶ୍ୱର, ୧୬।୯ (ସମ୍ବାଦ ବ୍ୟୁରୋ): ବିଭିନ୍ନ ଜିଲ୍ଲାରେ ଲୋକମାନଙ୍କ ପାଇଁ ସରକାରୀ ଯୋଜନାର ସୁବିଧା ପହଞ୍ଚାଇବା ଆବଶ୍ୟକ। ଗ୍ରାମାଞ୍ଚଳରେ ପାନୀୟ ଜଳ, ରାସ୍ତା ଓ ବିଦ୍ୟୁତ ସଂଯୋଗ ପାଇଁ କାର୍ଯ୍ୟ ଚାଲିଛି। ଜନପ୍ରତିନିଧିମାନେ ଏହି ଦିଗରେ ସକ୍ରିୟ ଭୂମିକା ନେବା ଦରକାର।
ରେଲୱେଗେଟ୍‌ରୁ ଲେଡ୍ଙ୍କ ଇଭାଲୁସନ୍‌ ଷ୍ଟୁଡିଓ ଗୁରୁଚର
କଟକ, ୧୬।୯ (ସମ୍ବାଦ ବ୍ୟୁରୋ): ସ୍ଥାନୀୟ ଯୁବକମାନଙ୍କ ପାଇଁ କାର୍ଯ୍ୟଶାଳା ଆୟୋଜନ କରାଯାଇଛି। ଏଥିରେ ବହୁ ସଂଖ୍ୟାରେ ଛାତ୍ରଛାତ୍ରୀ ଯୋଗ ଦେଇଥିଲେ। ଅତିଥିମାନେ ଦକ୍ଷତା ବିକାଶ ଉପରେ ଆଲୋଚନା କରିଥିଲେ। କଟକ, ୧୬।୯ (ସମ୍ବାଦ ବ୍ୟୁରୋ): ସ୍ଥାନୀୟ ଯୁବକମାନଙ୍କ ପାଇଁ କାର୍ଯ୍ୟଶାଳା ଆୟୋଜନ କରାଯାଇଛି। ଏଥିରେ ବହୁ ସଂଖ୍ୟାରେ ଛାତ୍ରଛାତ୍ରୀ ଯୋଗ ଦେଇଥିଲେ। ଅତିଥିମାନେ ଦକ୍ଷତା ବିକାଶ ଉପରେ ଆଲୋଚନା କରିଥିଲେ। କଟକ, ୧୬।୯ (ସମ୍ବାଦ ବ୍ୟୁରୋ): ସ୍ଥାନୀୟ ଯୁବକମାନଙ୍କ ପାଇଁ କାର୍ଯ୍ୟଶାଳା ଆୟୋଜନ କରାଯାଇଛି। ଏଥିରେ ବହୁ ସଂଖ୍ୟାରେ ଛାତ୍ରଛାତ୍ରୀ ଯୋଗ ଦେଇଥିଲେ। ଅତିଥିମାନେ ଦକ୍ଷତା ବିକାଶ ଉପରେ ଆଲୋଚନା କରିଥିଲେ। କଟକ, ୧୬।୯ (ସମ୍ବାଦ ବ୍ୟୁରୋ): ସ୍ଥାନୀୟ ଯୁବକମାନଙ୍କ ପାଇଁ କାର୍ଯ୍ୟଶାଳା ଆୟୋଜନ କରାଯାଇଛି। ଏଥିରେ ବହୁ ସଂଖ୍ୟାରେ ଛାତ୍ରଛାତ୍ରୀ ଯୋଗ ଦେଇଥିଲେ। ଅତିଥିମାନେ ଦକ୍ଷତା ବିକାଶ ଉପରେ ଆଲୋଚନା କରିଥିଲେ। କଟକ, ୧୬।୯ (ସମ୍ବାଦ ବ୍ୟୁରୋ): ସ୍ଥାନୀୟ ଯୁବକମାନଙ୍କ ପାଇଁ କାର୍ଯ୍ୟଶାଳା ଆୟୋଜନ କରାଯାଇଛି। ଏଥିରେ ବହୁ ସଂଖ୍ୟାରେ ଛାତ୍ରଛାତ୍ରୀ ଯୋଗ ଦେଇଥିଲେ। ଅତିଥିମାନେ ଦକ୍ଷତା ବିକାଶ ଉପରେ ଆଲୋଚନା କରିଥିଲେ। କଟକ, ୧୬।୯ (ସମ୍ବାଦ ବ୍ୟୁରୋ): ସ୍ଥାନୀୟ ଯୁବକମାନଙ୍କ ପାଇଁ କାର୍ଯ୍ୟଶାଳା ଆୟୋଜନ କରାଯାଇଛି। ଏଥିରେ ବହୁ
କଟକ, ୧୬।୯ (ସମ୍ବାଦ ବ୍ୟୁରୋ): ସ୍ଥାନୀୟ ଯୁବକମାନଙ୍କ ପାଇଁ କାର୍ଯ୍ୟଶାଳା ଆୟୋଜନ କରାଯାଇଛି। ଏଥିରେ ବହୁ ସଂଖ୍ୟାରେ ଛାତ୍ରଛାତ୍ରୀ ଯୋଗ ଦେଇଥିଲେ। ଅତିଥିମାନେ ଦକ୍ଷତା ବିକାଶ ଉପରେ ଆଲୋଚନା କରିଥିଲେ। କଟକ, ୧୬।୯ (ସମ୍ବାଦ ବ୍ୟୁରୋ): ସ୍ଥାନୀୟ ଯୁବକମାନଙ୍କ ପାଇଁ କାର୍ଯ୍ୟଶାଳା ଆୟୋଜନ କରାଯାଇଛି। ଏଥିରେ ବହୁ ସଂଖ୍ୟାରେ ଛାତ୍ରଛାତ୍ରୀ ଯୋଗ ଦେଇଥିଲେ। ଅତିଥିମାନେ ଦକ୍ଷତା ବିକାଶ ଉପରେ ଆଲୋଚନା କରିଥିଲେ। କଟକ, ୧୬।୯ (ସମ୍ବାଦ ବ୍ୟୁରୋ): ସ୍ଥାନୀୟ ଯୁବକମାନଙ୍କ ପାଇଁ କାର୍ଯ୍ୟଶାଳା ଆୟୋଜନ କରାଯାଇଛି। ଏଥିରେ ବହୁ
ବସନ୍ତି ଗାଇଡିକ ମହାସ ସପ୍ତାହ ପ୍ରତିଷ୍ଠ ନିର୍ବାଚ
କଟକ, ୧୬।୯ (ସମ୍ବାଦ ବ୍ୟୁରୋ): ସ୍ଥାନୀୟ ଯୁବକମାନଙ୍କ ପାଇଁ କାର୍ଯ୍ୟଶାଳା ଆୟୋଜନ କରାଯାଇଛି। ଏଥିରେ ବହୁ ସଂଖ୍ୟାରେ ଛାତ୍ରଛାତ୍ରୀ ଯୋଗ ଦେଇଥିଲେ। ଅତିଥିମାନେ ଦକ୍ଷତା ବିକାଶ ଉପରେ ଆଲୋଚନା କରିଥିଲେ। କଟକ, ୧୬।୯ (ସମ୍ବାଦ ବ୍ୟୁରୋ): ସ୍ଥାନୀୟ ଯୁବକମାନଙ୍କ ପାଇଁ କାର୍ଯ୍ୟଶାଳା ଆୟୋଜନ କରାଯାଇଛି। ଏଥିରେ ବହୁ ସଂଖ୍ୟାରେ ଛାତ୍ରଛାତ୍ରୀ ଯୋଗ ଦେଇଥିଲେ। ଅତିଥିମାନେ ଦକ୍ଷତା ବିକାଶ ଉପରେ ଆଲୋଚନା କରିଥିଲେ। କଟକ, ୧୬।୯ (ସମ୍ବାଦ ବ୍ୟୁରୋ): ସ୍ଥାନୀୟ ଯୁବକମାନଙ୍କ ପାଇଁ କାର୍ଯ୍ୟଶାଳା ଆୟୋଜନ କରାଯାଇଛି। ଏଥିରେ ବହୁ ସଂଖ୍ୟାରେ ଛାତ୍ରଛାତ୍ରୀ ଯୋଗ ଦେଇଥିଲେ। ଅତିଥିମାନେ ଦକ୍ଷତା ବିକାଶ ଉପରେ ଆଲୋଚନା କରିଥିଲେ। କଟକ, ୧୬।୯ (ସମ୍ବାଦ ବ୍ୟୁରୋ): ସ୍ଥାନୀୟ ଯୁବକମାନଙ୍କ ପାଇଁ କାର୍ଯ୍ୟଶାଳା ଆୟୋଜନ କରାଯାଇଛି। ଏଥିରେ ବହୁ ସଂଖ୍ୟାରେ ଛାତ୍ରଛାତ୍ରୀ ଯୋଗ ଦେଇଥିଲେ। ଅତିଥିମାନେ ଦକ୍ଷତା ବିକାଶ ଉପରେ ଆଲୋଚନା କରିଥିଲେ। କଟକ, ୧୬।୯ (ସମ୍ବାଦ ବ୍ୟୁରୋ): ସ୍ଥାନୀୟ ଯୁବକମାନଙ୍କ ପାଇଁ କାର୍ଯ୍ୟଶାଳା ଆୟୋଜନ କରାଯାଇଛି। ଏଥିରେ ବହୁ ସଂଖ୍ୟାରେ ଛାତ୍ରଛାତ୍ରୀ ଯୋଗ ଦେଇଥିଲେ। ଅତିଥିମାନେ ଦକ୍ଷତା ବିକାଶ ଉପରେ ଆଲୋଚନା କରିଥିଲେ। କଟକ, ୧୬।୯ (ସମ୍ବାଦ ବ୍ୟୁରୋ): ସ୍ଥାନୀୟ ଯୁବକମାନଙ୍କ
କଟକ, ୧୬।୯ (ସମ୍ବାଦ ବ୍ୟୁରୋ): ସ୍ଥାନୀୟ ଯୁବକମାନଙ୍କ ପାଇଁ କାର୍ଯ୍ୟଶାଳା ଆୟୋଜନ କରାଯାଇଛି। ଏଥିରେ ବହୁ ସଂଖ୍ୟାରେ ଛାତ୍ରଛାତ୍ରୀ ଯୋଗ ଦେଇଥିଲେ। ଅତିଥିମାନେ ଦକ୍ଷତା ବିକାଶ ଉପରେ ଆଲୋଚନା କରିଥିଲେ। କଟକ, ୧୬।୯ (ସମ୍ବାଦ ବ୍ୟୁରୋ): ସ୍ଥାନୀୟ ଯୁବକମାନଙ୍କ ପାଇଁ କାର୍ଯ୍ୟଶାଳା ଆୟୋଜନ କରାଯାଇଛି। ଏଥିରେ ବହୁ ସଂଖ୍ୟାରେ ଛାତ୍ରଛାତ୍ରୀ ଯୋଗ ଦେଇଥିଲେ। ଅତିଥିମାନେ ଦକ୍ଷତା ବିକାଶ ଉପରେ ଆଲୋଚନା କରିଥିଲେ। କଟକ, ୧୬।୯ (ସମ୍ବାଦ ବ୍ୟୁରୋ): ସ୍ଥାନୀୟ ଯୁବକମାନଙ୍କ ପାଇଁ କାର୍ଯ୍ୟଶାଳା ଆୟୋଜନ କରାଯାଇଛି। ଏଥିରେ ବହୁ ସଂଖ୍ୟାରେ ଛାତ୍ରଛାତ୍ରୀ ଯୋଗ ଦେଇଥିଲେ। ଅ
କଟକ, ୧୬।୯ (ସମ୍ବାଦ ବ୍ୟୁରୋ): ସ୍ଥାନୀୟ ଯୁବକମାନଙ୍କ ପାଇଁ କାର୍ଯ୍ୟଶାଳା ଆୟୋଜନ କରାଯାଇଛି। ଏଥିରେ ବହୁ ସଂଖ୍ୟାରେ ଛାତ୍ରଛାତ୍ରୀ ଯୋଗ ଦେଇଥିଲେ। ଅତିଥିମାନେ ଦକ୍ଷତା ବିକାଶ ଉପରେ ଆଲୋଚନା କରିଥିଲେ। କଟକ, ୧୬।୯ (ସମ୍ବାଦ ବ୍ୟୁରୋ): ସ୍ଥାନୀୟ ଯୁବକମାନଙ୍କ ପାଇଁ କାର୍ଯ୍ୟଶାଳା ଆୟୋଜନ କରାଯାଇଛି। ଏଥିରେ ବହୁ ସଂଖ୍ୟାରେ ଛାତ୍ରଛାତ୍ରୀ ଯୋଗ ଦେଇଥିଲେ। ଅତିଥିମାନେ ଦକ୍ଷତା ବିକାଶ ଉପରେ ଆଲୋଚନା କରିଥିଲେ। କଟକ, ୧୬।୯ (ସମ୍ବାଦ ବ୍ୟୁରୋ): ସ୍ଥାନୀୟ ଯୁବକମାନଙ୍କ ପାଇଁ କାର୍ଯ୍ୟଶାଳା ଆୟୋଜନ କରାଯାଇଛି। ଏଥିରେ ବହୁ ସଂଖ୍ୟାରେ ଛାତ୍ରଛାତ୍ରୀ ଯୋଗ ଦେଇଥିଲେ। ଅତିଥିମାନେ ଦକ୍ଷତା ବିକାଶ ଉପରେ ଆଲୋଚନା କରିଥିଲେ। କଟକ, ୧୬।୯ (ସମ୍ବାଦ ବ୍ୟୁରୋ): ସ୍ଥାନୀୟ ଯୁବକମାନଙ୍କ ପାଇଁ କାର୍ଯ୍ୟଶାଳା ଆୟୋଜନ କରାଯାଇଛି। ଏଥିରେ ବହୁ ସଂଖ୍ୟାରେ ଛାତ୍ରଛାତ୍ରୀ ଯୋଗ ଦେଇଥିଲେ। ଅତିଥିମାନେ ଦକ୍ଷତା ବିକାଶ ଉପରେ ଆଲୋଚନା କରିଥିଲେ। କଟକ, ୧୬।୯ (ସମ୍ବାଦ ବ୍ୟୁରୋ): ସ୍ଥାନୀୟ ଯୁବକମାନଙ୍କ ପାଇଁ କାର୍ଯ୍ୟଶାଳା ଆୟୋଜନ କରାଯାଇଛି। ଏଥିରେ ବହୁ ସଂଖ୍ୟାରେ ଛାତ୍ରଛାତ୍ରୀ ଯୋଗ ଦେଇଥିଲେ। ଅତିଥିମାନେ ଦକ୍ଷତା ବିକାଶ ଉପରେ ଆଲୋଚନା କରିଥିଲେ। କଟକ, ୧୬।୯ (ସମ୍ବାଦ ବ୍ୟୁରୋ): ସ୍ଥାନୀୟ ଯୁବକମାନଙ୍କ
ପ୍ରମିଳା ମହାରିଙ୍କ ଅଭିନନ୍ଦନ ସଭା
କଟକରେ କଂଗ୍ରେସର ସାଦାଗ ସମାବେଶ
କଟକ, ୧୬।୯ (ସମ୍ବାଦ ବ୍ୟୁରୋ): କଂଗ୍ରେସ ପକ୍ଷରୁ ସହରରେ ଏକ ସମାବେଶ ଆୟୋଜିତ ହୋଇଥିଲା। ଦଳର ବରିଷ୍ଠ ନେତାମାନେ ଉପସ୍ଥିତ ରହି କର୍ମୀମାନଙ୍କୁ ସମ୍ବୋଧିତ କରିଥିଲେ। ଆଗାମୀ ନିର୍ବାଚନ ପାଇଁ ପ୍ରସ୍ତୁତି ଉପରେ ଆଲୋଚନା ହୋଇଥିଲା। କଟକ, ୧୬।୯ (ସମ୍ବାଦ ବ୍ୟୁରୋ): କଂଗ୍ରେସ ପକ୍ଷରୁ ସହରରେ ଏକ ସମାବେଶ ଆୟୋଜିତ ହୋଇଥିଲା। ଦଳର ବରିଷ୍ଠ ନେତାମାନେ ଉପସ୍ଥିତ ରହି କର୍ମୀମାନଙ୍କୁ ସମ୍ବୋଧିତ କରିଥିଲେ। ଆଗାମୀ ନିର୍ବାଚନ ପାଇଁ ପ୍ରସ୍ତୁତି ଉପରେ ଆଲୋଚନା ହୋଇଥିଲା। କଟକ, ୧୬।୯ (ସମ୍ବାଦ ବ୍ୟୁରୋ): କଂଗ୍ରେସ ପକ୍ଷରୁ ସହରରେ ଏକ ସମାବେଶ ଆୟୋଜିତ ହୋଇଥିଲା। ଦଳର ବରିଷ୍ଠ ନେତାମାନେ ଉପସ୍ଥିତ ରହି କର୍ମୀମାନଙ୍କୁ ସମ୍ବୋଧିତ କରିଥିଲେ। ଆଗାମୀ ନିର୍ବାଚନ ପାଇଁ ପ୍ରସ୍ତୁତି ଉପରେ ଆଲୋଚନା ହୋଇଥିଲା। କଟକ, ୧୬।୯ (ସମ୍ବାଦ ବ୍ୟୁରୋ): କଂଗ୍ରେସ ପକ୍ଷରୁ ସହରରେ ଏକ ସମାବେଶ ଆୟୋଜିତ ହୋଇଥିଲା। ଦଳର ବରିଷ୍ଠ ନେତାମାନେ ଉପସ୍ଥିତ ରହି କର୍ମୀମାନଙ୍କୁ ସମ୍ବୋଧିତ କରିଥିଲେ। ଆଗାମୀ ନିର୍ବାଚନ ପାଇଁ ପ୍ରସ୍ତୁତି ଉପରେ ଆଲୋଚନା ହୋଇଥିଲା। କଟକ, ୧୬।୯ (ସମ୍ବାଦ ବ୍ୟୁରୋ): କଂଗ୍ରେସ ପକ୍ଷରୁ ସହରରେ ଏକ ସମାବେଶ ଆୟୋଜିତ ହୋଇଥିଲା। ଦଳର ବରିଷ୍ଠ
କଂଗ୍ରେସରେ ମିଶିଲେ ପୂର୍ବତନ କର୍ପୋରେଟର ରମାକାନ
କଟକ, ୧୬।୯ (ସମ୍ବାଦ ବ୍ୟୁରୋ): କଂଗ୍ରେସ ପକ୍ଷରୁ ସହରରେ ଏକ ସମାବେଶ ଆୟୋଜିତ ହୋଇଥିଲା। ଦଳର ବରିଷ୍ଠ ନେତାମାନେ ଉପସ୍ଥିତ ରହି କର୍ମୀମାନଙ୍କୁ ସମ୍ବୋଧିତ କରିଥିଲେ। ଆଗାମୀ ନିର୍ବାଚନ ପାଇଁ ପ୍ରସ୍ତୁତି ଉପରେ ଆଲୋଚନା ହୋଇଥିଲା। କଟକ, ୧୬।୯ (ସମ୍ବାଦ ବ୍ୟୁରୋ): କଂଗ୍ରେସ ପକ୍ଷରୁ ସହରରେ ଏକ ସମାବେଶ ଆୟୋଜିତ ହୋଇଥିଲା। ଦଳର ବରିଷ୍ଠ ନେତାମାନେ ଉପସ୍ଥିତ ରହି କର୍ମୀମାନଙ୍କୁ ସମ୍ବୋଧିତ କରିଥିଲେ। ଆଗାମୀ ନିର୍ବାଚନ ପାଇଁ ପ୍ରସ୍ତୁତି ଉପରେ ଆଲୋଚନା ହୋଇଥିଲା। କଟକ, ୧୬।୯ (ସମ୍ବାଦ ବ୍ୟୁରୋ): କଂଗ୍ରେସ ପକ୍ଷରୁ ସହରରେ ଏକ ସମାବେଶ ଆୟୋଜିତ ହୋଇଥିଲା। ଦଳର ବରିଷ୍ଠ ନେତାମାନେ ଉପସ୍ଥିତ ରହି କର୍ମୀମାନଙ୍କୁ ସମ୍ବୋଧିତ କରିଥିଲେ। ଆଗାମୀ ନିର୍ବାଚନ ପାଇଁ ପ୍ରସ୍ତୁତି ଉପରେ ଆଲୋଚନା ହୋଇଥିଲା। କଟକ, ୧୬।୯ (ସମ୍ବାଦ ବ୍ୟୁରୋ): କଂଗ୍ରେସ ପକ୍ଷରୁ ସହରରେ ଏକ ସମାବେଶ ଆୟୋଜିତ ହୋଇଥିଲା। ଦଳର ବରିଷ୍ଠ ନେତାମାନେ ଉପସ୍ଥିତ ରହି କର୍ମୀମାନଙ୍କୁ ସମ୍ବୋଧିତ କରିଥିଲେ। ଆଗାମୀ ନିର୍ବାଚନ ପାଇଁ ପ୍ରସ୍ତୁତି ଉପରେ ଆଲୋଚନା ହୋଇଥିଲା। କଟକ, ୧୬।୯ (ସମ୍ବାଦ ବ୍ୟୁରୋ): କଂଗ୍ରେସ ପକ୍ଷରୁ ସହରରେ ଏକ ସମାବେଶ ଆୟୋଜିତ ହୋଇଥିଲା। ଦଳର ବ
କଟକ, ୧୬।୯ (ସମ୍ବାଦ ବ୍ୟୁରୋ): କଂଗ୍ରେସ ପକ୍ଷରୁ ସହରରେ ଏକ ସମାବେଶ ଆୟୋଜିତ ହୋଇଥିଲା। ଦଳର ବରିଷ୍ଠ ନେତାମାନେ ଉପସ୍ଥିତ ରହି କର୍ମୀମାନଙ୍କୁ ସମ୍ବୋଧିତ କରିଥିଲେ। ଆଗାମୀ ନିର୍ବାଚନ ପାଇଁ ପ୍ରସ୍ତୁତି ଉପରେ ଆଲୋଚନା ହୋଇଥିଲା। କଟକ, ୧୬।୯ (ସମ୍ବାଦ ବ୍ୟୁରୋ): କଂଗ୍ରେସ ପକ୍ଷରୁ ସହରରେ ଏକ ସମାବେଶ ଆୟୋଜିତ ହୋଇଥିଲା। ଦଳର ବରିଷ୍ଠ ନେତାମାନେ ଉପସ୍ଥିତ ରହି କର୍ମୀମାନଙ୍କୁ ସମ୍ବୋଧିତ କରିଥିଲେ। ଆଗାମୀ ନିର୍ବାଚନ ପାଇଁ ପ୍ରସ୍ତୁତି ଉପରେ ଆଲୋଚନା ହୋଇଥିଲା। କଟକ, ୧୬।୯ (ସମ୍ବାଦ ବ୍ୟୁରୋ): କଂଗ୍ରେସ ପକ୍ଷରୁ ସହ
ଶିଶୁ ଓ ସୁରକ୍ଷିତ ଲକ୍ଷ୍ୟରେ ମହତ୍ତ୍ୱ ଉତ୍ସବରେ ପ୍ରଚାର ବିଜ୍ଞାନ
କଟକ, ୧୬।୯ (ସମ୍ବାଦ ବ୍ୟୁରୋ): କଂଗ୍ରେସ ପକ୍ଷରୁ ସହରରେ ଏକ ସମାବେଶ ଆୟୋଜିତ ହୋଇଥିଲା। ଦଳର ବରିଷ୍ଠ ନେତାମାନେ ଉପସ୍ଥିତ ରହି କର୍ମୀମାନଙ୍କୁ ସମ୍ବୋଧିତ କରିଥିଲେ। ଆଗାମୀ ନିର୍ବାଚନ ପାଇଁ ପ୍ରସ୍ତୁତି ଉପରେ ଆଲୋଚନା ହୋଇଥିଲା। କଟକ, ୧୬।୯ (ସମ୍ବାଦ ବ୍ୟୁରୋ): କଂଗ୍ରେସ ପକ୍ଷରୁ ସହରରେ ଏକ ସମାବେଶ ଆୟୋଜିତ ହୋଇଥିଲା। ଦଳର ବରିଷ୍ଠ ନେତାମାନେ ଉପସ୍ଥିତ ରହି କର୍ମୀମାନଙ୍କୁ ସମ୍ବୋଧିତ କରିଥିଲେ। ଆଗାମୀ ନିର୍ବାଚନ ପାଇଁ ପ୍ରସ୍ତୁତି ଉପରେ ଆଲୋଚନା ହୋଇଥିଲା। କଟକ, ୧୬।୯ (ସମ୍ବାଦ ବ୍ୟୁରୋ): କଂଗ୍ରେସ ପକ୍ଷରୁ ସହରରେ ଏକ ସମାବେଶ ଆୟୋଜିତ ହୋଇଥିଲା। ଦଳର ବରିଷ୍ଠ ନେତାମାନେ ଉପସ୍ଥିତ ରହି କର୍ମୀମାନଙ୍କୁ ସମ୍ବୋଧିତ କରିଥିଲେ। ଆଗାମୀ ନିର୍ବାଚନ ପାଇଁ ପ୍ରସ୍ତୁତି ଉପରେ ଆଲୋଚନା ହୋଇଥିଲା। କଟକ, ୧୬।୯ (ସମ୍ବାଦ ବ୍ୟୁରୋ): କଂଗ୍ରେସ ପକ୍ଷରୁ ସହରରେ ଏକ ସମାବେଶ ଆୟୋଜିତ ହୋଇଥିଲା। ଦଳର ବରିଷ୍ଠ ନେତାମାନେ ଉପସ୍ଥିତ ରହି କର୍ମୀମାନଙ୍କୁ ସମ୍ବୋଧିତ କରିଥିଲେ। ଆଗାମୀ ନିର୍ବାଚନ ପାଇଁ ପ୍ରସ୍ତୁତି ଉପରେ ଆଲୋଚନା ହୋଇଥିଲା। କଟକ, ୧୬।୯ (ସମ୍ବାଦ ବ୍ୟୁରୋ): କଂଗ୍ରେସ ପକ୍ଷରୁ ସହରରେ ଏକ ସମାବେଶ ଆୟୋଜିତ ହୋଇଥିଲା। ଦଳର ବରିଷ୍ଠ ନେତାମାନେ ଉପସ୍ଥିତ ରହି କର୍ମୀମାନଙ୍କୁ ସମ୍ବୋଧିତ କରିଥିଲେ। ଆଗାମୀ ନିର୍ବାଚନ ପାଇଁ ପ୍ରସ୍ତୁତି ଉପରେ ଆଲୋଚନା ହୋଇଥିଲା। କଟକ, ୧୬।୯ (ସମ୍ବାଦ ବ୍ୟୁରୋ): କଂଗ୍ରେସ ପକ୍ଷରୁ ସହରରେ ଏକ ସମାବେଶ ଆୟୋଜିତ ହୋଇଥିଲା। ଦଳର ବରିଷ୍ଠ ନେତାମାନେ ଉପସ୍ଥିତ ରହି କର୍ମୀମାନଙ୍କୁ ସମ୍ବୋଧିତ କରିଥିଲେ। ଆଗାମୀ ନିର୍ବାଚନ ପାଇଁ ପ୍ରସ୍ତୁତି ଉପରେ ଆଲୋଚନା ହୋଇଥିଲା।
ମାଗଣା ସ୍ୱାସ୍ଥ୍ୟ ସେବା ଶିବିର
କଟକ, ୧୬।୯ (ସମ୍ବାଦ ବ୍ୟୁରୋ): କଂଗ୍ରେସ ପକ୍ଷରୁ ସହରରେ ଏକ ସମାବେଶ ଆୟୋଜିତ ହୋଇଥିଲା। ଦଳର ବରିଷ୍ଠ ନେତାମାନେ ଉପସ୍ଥିତ ରହି କର୍ମୀମାନଙ୍କୁ ସମ୍ବୋଧିତ କରିଥିଲେ। ଆଗାମୀ ନିର୍ବାଚନ ପାଇଁ ପ୍ରସ୍ତୁତି ଉପରେ ଆଲୋଚନା ହୋଇଥିଲା। କଟକ, ୧୬।୯ (ସମ୍ବାଦ ବ୍ୟୁରୋ): କଂଗ୍ରେସ ପକ୍ଷରୁ ସହରରେ ଏକ ସମାବେଶ ଆୟୋଜିତ ହୋଇଥିଲା। ଦଳର ବରିଷ୍ଠ ନେତାମାନେ ଉପସ୍ଥିତ ରହି କର୍ମୀମାନଙ୍କୁ ସମ୍ବୋଧିତ କରିଥିଲେ। ଆଗାମୀ ନିର୍ବାଚନ ପାଇଁ ପ୍ରସ୍ତୁତି ଉପରେ ଆଲୋଚନା ହୋଇଥିଲା। କଟକ, ୧୬।୯ (ସମ୍ବାଦ ବ୍ୟୁରୋ): କଂଗ୍ରେସ ପକ୍ଷରୁ ସହରରେ ଏକ ସମାବେଶ ଆୟୋଜିତ ହୋଇଥିଲା। ଦଳର ବରିଷ୍ଠ ନେତାମାନେ ଉପସ୍ଥିତ ରହି କର୍ମୀମାନଙ୍କୁ ସମ୍ବୋଧିତ କରିଥିଲେ। ଆଗାମୀ ନିର୍ବାଚନ ପାଇଁ ପ୍ରସ୍ତୁତି ଉପରେ ଆଲୋଚନା ହୋଇଥିଲା। କଟକ, ୧୬।୯ (ସମ୍ବାଦ ବ୍ୟୁରୋ): କଂଗ୍ରେସ ପକ୍ଷରୁ ସହରରେ ଏକ ସମାବେଶ ଆୟୋଜିତ ହୋଇଥିଲା। ଦଳର ବରିଷ୍ଠ ନେତାମାନେ ଉପସ୍ଥିତ ରହି କର୍ମୀମାନଙ୍କୁ ସମ୍ବୋଧିତ କରିଥିଲେ। ଆଗାମୀ ନିର୍ବାଚନ ପାଇଁ ପ୍ରସ୍ତୁତି ଉପରେ ଆଲୋଚନା ହୋଇଥିଲା। କଟକ, ୧୬।୯ (ସମ୍ବାଦ ବ୍ୟୁରୋ): କଂଗ୍ରେସ ପକ୍ଷରୁ ସହରରେ ଏକ ସମାବେଶ ଆୟୋଜିତ ହୋଇଥିଲା। ଦଳର ବରିଷ୍ଠ ନେତାମାନେ ଉପସ୍ଥିତ ରହି କର୍ମୀମାନଙ୍କୁ ସମ୍ବୋଧିତ କରିଥିଲେ। ଆଗାମୀ ନିର୍ବାଚନ ପାଇଁ ପ୍ରସ୍ତୁତି ଉପରେ ଆଲୋଚନା ହୋଇଥିଲା। କଟକ, ୧୬।୯ (ସମ୍ବାଦ ବ୍ୟୁରୋ): କଂଗ୍ରେସ ପକ୍ଷରୁ ସହରରେ ଏକ ସମାବେଶ ଆୟୋଜିତ ହୋଇଥିଲା। ଦଳର ବରିଷ୍ଠ ନେତାମାନେ ଉପସ୍ଥିତ ରହି କର୍ମୀମାନଙ୍କୁ ସମ୍ବୋଧିତ କରିଥିଲେ। ଆଗାମୀ ନିର୍ବାଚନ ପାଇଁ ପ୍ରସ୍ତୁତି ଉପରେ ଆଲୋଚନା ହୋଇଥିଲା।
ଭୁବନେଶ୍ୱର ବିମାନ ବନ୍ଦର - ବିଦେଶକୁ ଯାଉନାହିଁ ବିମାନ
ଭୁବନେଶ୍ୱର, ୧୬।୯ (ସମ୍ବାଦ ବ୍ୟୁରୋ): ବିଜୁ ପଟ୍ଟନାୟକ ଅନ୍ତର୍ଜାତୀୟ ବିମାନ ବନ୍ଦରରୁ ବିଦେଶକୁ ସିଧାସଳଖ ବିମାନ ସେବା ଏଯାଏଁ ଆରମ୍ଭ ହୋଇପାରିନାହିଁ। ଯାତ୍ରୀମାନଙ୍କୁ ଅନ୍ୟ ସହର ଦେଇ ଯିବାକୁ ପଡ଼ୁଛି। ଏହି ସମସ୍ୟାର ଶୀଘ୍ର ସମାଧାନ ପାଇଁ ଦାବି ହେଉଛି। ଭୁବନେଶ୍ୱର, ୧୬।୯ (ସମ୍ବାଦ ବ୍ୟୁରୋ): ବିଜୁ ପଟ୍ଟନାୟକ ଅନ୍ତର୍ଜାତୀୟ ବିମାନ ବନ୍ଦରରୁ ବିଦେଶକୁ ସିଧାସଳଖ ବିମାନ ସେବା ଏଯାଏଁ ଆରମ୍ଭ ହୋଇପାରିନାହିଁ। ଯାତ୍ରୀମାନଙ୍କୁ ଅନ୍ୟ ସହର ଦେଇ ଯିବାକୁ ପଡ଼ୁଛି। ଏହି ସମସ୍ୟାର ଶୀଘ୍ର ସମାଧାନ ପାଇଁ ଦାବି ହେଉଛି। ଭୁବନେଶ୍ୱର, ୧୬।୯ (ସମ୍ବାଦ ବ୍ୟୁରୋ): ବିଜୁ ପଟ୍ଟନାୟକ ଅନ୍ତର୍ଜାତୀୟ ବିମାନ ବନ୍ଦରରୁ ବିଦେଶକୁ ସିଧାସଳଖ ବିମାନ ସେବା ଏଯାଏଁ ଆରମ୍ଭ ହୋଇପାରିନାହିଁ। ଯାତ୍ରୀମାନଙ୍କୁ ଅନ୍ୟ ସହର ଦେଇ ଯିବାକୁ ପଡ଼ୁଛି। ଏହି ସମସ୍ୟାର ଶୀଘ୍ର ସମାଧାନ ପାଇଁ ଦାବି ହେଉଛି। ଭୁବନେଶ୍ୱର, ୧୬।୯ (ସମ୍ବାଦ ବ୍ୟୁରୋ): ବିଜୁ ପଟ୍ଟନାୟକ ଅନ୍ତର୍ଜାତୀୟ ବିମାନ ବନ୍ଦରରୁ ବିଦେଶକୁ ସିଧାସଳଖ ବିମାନ ସେବା ଏଯାଏଁ ଆରମ୍ଭ ହୋଇପାରିନାହିଁ। ଯାତ୍ରୀମାନଙ୍କୁ ଅନ୍ୟ ସହର ଦେଇ ଯିବାକୁ ପଡ଼ୁଛି। ଏହି ସମସ୍ୟାର ଶୀଘ୍ର ସମାଧାନ ପାଇଁ ଦାବି ହେଉଛି। ଭୁବନେଶ୍ୱର, ୧୬।୯ (ସମ୍ବାଦ ବ୍ୟୁରୋ): ବିଜୁ ପଟ୍ଟନାୟକ ଅନ୍ତର୍ଜାତୀୟ ବିମାନ ବନ୍ଦରରୁ ବିଦେଶକୁ ସିଧାସଳଖ ବିମାନ ସେବା ଏଯାଏଁ ଆରମ୍ଭ ହୋଇପାରିନାହିଁ। ଯାତ୍ରୀମାନଙ୍କୁ ଅନ୍ୟ ସହର ଦେଇ ଯିବାକୁ ପଡ଼ୁଛି। ଏହି ସମସ୍ୟାର ଶୀଘ୍ର ସମାଧାନ ପାଇଁ ଦାବି ହେଉଛି। ଭୁବନେଶ୍ୱର, ୧୬।୯ (ସମ୍ବାଦ ବ୍ୟୁରୋ): ବିଜୁ ପଟ୍ଟନାୟକ ଅନ୍ତର୍ଜାତୀୟ ବିମାନ ବନ୍ଦରରୁ ବିଦେଶକୁ ସିଧାସଳଖ ବିମାନ ସେବା ଏଯାଏଁ ଆରମ୍ଭ ହୋଇପାରିନାହିଁ। ଯାତ୍ରୀମାନଙ୍କୁ ଅନ୍ୟ ସହର ଦେଇ ଯିବାକୁ ପଡ଼ୁଛି। ଏହି ସମସ୍ୟାର ଶୀଘ୍ର ସମାଧାନ ପାଇଁ ଦାବି ହେଉଛି।
ଭୁବନେଶ୍ୱର, ୧୬।୯ (ସମ୍ବାଦ ବ୍ୟୁରୋ): ବିଜୁ ପଟ୍ଟନାୟକ ଅନ୍ତର୍ଜାତୀୟ ବିମାନ ବନ୍ଦରରୁ ବିଦେଶକୁ ସିଧାସଳଖ ବିମାନ ସେବା ଏଯାଏଁ ଆରମ୍ଭ ହୋଇପାରିନାହିଁ। ଯାତ୍ରୀମାନଙ୍କୁ ଅନ୍ୟ ସହର ଦେଇ ଯିବାକୁ ପଡ଼ୁଛି। ଏହି ସମସ୍ୟାର ଶୀଘ୍ର ସମାଧାନ ପାଇଁ ଦାବି ହେଉଛି। ଭୁବନେଶ୍ୱର, ୧୬।୯ (ସମ୍ବାଦ ବ୍ୟୁରୋ): ବିଜୁ ପଟ୍ଟନାୟକ ଅନ୍ତର୍ଜାତୀୟ ବିମାନ ବନ୍ଦରରୁ ବିଦେଶକୁ ସିଧାସଳଖ ବିମାନ ସେବା ଏଯାଏଁ ଆରମ୍ଭ ହୋଇପାରିନାହିଁ। ଯାତ୍ରୀମାନଙ୍କୁ ଅନ୍ୟ ସହର ଦେଇ ଯିବାକୁ ପଡ଼ୁଛି। ଏହି ସମସ୍ୟାର ଶୀଘ୍ର ସମାଧାନ ପାଇଁ ଦାବି ହେଉଛି। ଭୁବନେଶ୍ୱର, ୧୬।୯ (ସମ୍ବାଦ ବ୍ୟୁରୋ): ବିଜୁ ପଟ୍ଟନାୟକ ଅନ୍ତର୍ଜାତୀୟ ବିମାନ ବନ୍ଦରରୁ ବିଦେଶକୁ ସିଧାସଳଖ ବିମାନ ସେବା ଏଯାଏଁ ଆରମ୍ଭ ହୋଇପାରିନାହିଁ। ଯାତ୍ରୀମାନଙ୍କୁ ଅନ୍ୟ ସହର ଦେଇ ଯିବାକୁ ପଡ଼ୁଛି। ଏହି ସମସ୍ୟାର ଶୀଘ୍ର ସମାଧାନ ପାଇଁ ଦାବି ହେଉଛି। ଭୁବନେଶ୍ୱର, ୧୬।୯ (ସମ୍ବାଦ ବ୍ୟୁରୋ): ବିଜୁ ପଟ୍ଟନାୟକ ଅନ୍ତର୍ଜାତୀୟ ବିମାନ ବନ୍ଦରରୁ ବିଦେଶକୁ ସିଧାସଳଖ ବିମାନ ସେବା ଏଯାଏଁ ଆରମ୍ଭ ହୋଇପାରିନାହିଁ। ଯାତ୍ରୀମାନଙ୍କୁ ଅନ୍ୟ ସହର ଦେଇ ଯିବାକୁ ପଡ଼ୁଛି। ଏହି ସମସ୍ୟାର ଶୀଘ୍ର ସମାଧାନ ପାଇଁ ଦାବି ହେଉଛି। ଭୁବନେଶ୍ୱର, ୧୬।୯ (ସମ୍ବାଦ ବ୍ୟୁରୋ): ବିଜୁ ପଟ୍ଟନାୟକ ଅନ୍ତର୍ଜାତୀୟ ବିମାନ ବନ୍ଦରରୁ ବିଦେଶକୁ ସିଧାସଳଖ ବିମାନ ସେବା ଏଯାଏଁ ଆରମ୍ଭ ହୋଇପାରିନାହିଁ। ଯାତ୍ରୀମାନଙ୍କୁ ଅନ୍ୟ ସହର ଦେଇ ଯିବାକୁ ପଡ଼ୁଛି। ଏହି ସମସ୍ୟାର ଶୀଘ୍ର ସମାଧାନ ପାଇଁ ଦାବି ହେଉଛି। ଭୁବନେଶ୍ୱର, ୧୬।୯ (ସମ୍ବାଦ ବ୍ୟୁରୋ): ବିଜୁ ପଟ୍ଟନାୟକ ଅନ୍ତର୍ଜାତୀୟ ବିମାନ ବନ୍ଦରରୁ ବିଦେଶକୁ ସିଧାସଳଖ ବିମାନ ସେବା ଏଯାଏଁ ଆରମ୍ଭ ହୋଇପାରିନାହିଁ। ଯାତ୍ରୀମାନଙ୍କୁ ଅନ୍ୟ ସହର ଦେଇ ଯିବାକୁ ପଡ଼ୁଛି। ଏହି ସମସ୍ୟାର ଶୀଘ୍ର ସମାଧାନ ପାଇଁ ଦାବି ହେଉଛି।
ଭୁବନେଶ୍ୱର, ୧୬।୯ (ସମ୍ବାଦ ବ୍ୟୁରୋ): ବିଜୁ ପଟ୍ଟନାୟକ ଅନ୍ତର୍ଜାତୀୟ ବିମାନ ବନ୍ଦରରୁ ବିଦେଶକୁ ସିଧାସଳଖ ବିମାନ ସେବା ଏଯାଏଁ ଆରମ୍ଭ ହୋଇପାରିନାହିଁ। ଯାତ୍ରୀମାନଙ୍କୁ ଅନ୍ୟ ସହର ଦେଇ ଯିବାକୁ ପଡ଼ୁଛି। ଏହି ସମସ୍ୟାର ଶୀଘ୍ର ସମାଧାନ ପାଇଁ ଦାବି ହେଉଛି। ଭୁବନେଶ୍ୱର, ୧୬।୯ (ସମ୍ବାଦ ବ୍ୟୁରୋ): ବିଜୁ ପଟ୍ଟନାୟକ ଅନ୍ତର୍ଜାତୀୟ ବିମାନ ବନ୍ଦରରୁ ବିଦେଶକୁ ସିଧାସଳଖ ବିମାନ ସେବା ଏଯାଏଁ ଆରମ୍ଭ ହୋଇପାରିନାହିଁ। ଯାତ୍ରୀମାନଙ୍କୁ ଅନ୍ୟ ସହର ଦେଇ ଯିବାକୁ ପଡ଼ୁଛି। ଏହି ସମସ୍ୟାର ଶୀଘ୍ର ସମାଧାନ ପାଇଁ ଦାବି ହେଉଛି। ଭୁବନେଶ୍ୱର, ୧୬।୯ (ସମ୍ବାଦ ବ୍ୟୁରୋ): ବିଜୁ ପଟ୍ଟନାୟକ ଅନ୍ତର୍ଜାତୀୟ ବିମାନ ବନ୍ଦରରୁ ବିଦେଶକୁ ସିଧାସଳଖ ବିମାନ ସେବା ଏଯାଏଁ ଆରମ୍ଭ ହୋଇପାରିନାହିଁ। ଯାତ୍ରୀମାନଙ୍କୁ ଅନ୍ୟ ସହର ଦେଇ ଯିବାକୁ ପଡ଼ୁଛି। ଏହି ସମସ୍ୟାର ଶୀଘ୍ର ସମାଧାନ ପାଇଁ ଦାବି ହେଉଛି। ଭୁବନେଶ୍ୱର, ୧୬।୯ (ସମ୍ବାଦ ବ୍ୟୁରୋ): ବିଜୁ ପଟ୍ଟନାୟକ ଅନ୍ତର୍ଜାତୀୟ ବିମାନ ବନ୍ଦରରୁ ବିଦେଶକୁ ସିଧାସଳଖ ବିମାନ ସେବା ଏଯାଏଁ ଆରମ୍ଭ ହୋଇପାରିନାହିଁ। ଯାତ୍ରୀମାନଙ୍କୁ ଅନ୍ୟ ସହର ଦେଇ ଯିବାକୁ ପଡ଼ୁଛି। ଏହି ସମସ୍ୟାର ଶୀଘ୍ର ସମାଧାନ ପାଇଁ ଦାବି ହେଉଛି। ଭୁବନେଶ୍ୱର, ୧୬।୯ (ସମ୍ବାଦ ବ୍ୟୁରୋ): ବିଜୁ ପଟ୍ଟନାୟକ ଅନ୍ତର୍ଜାତୀୟ ବିମାନ ବନ୍ଦରରୁ ବିଦେଶକୁ ସିଧାସଳଖ ବିମାନ ସେବା ଏଯାଏଁ ଆରମ୍ଭ ହୋଇପାରିନାହିଁ। ଯାତ୍ରୀମାନଙ୍କୁ ଅନ୍ୟ ସହର ଦେଇ ଯିବାକୁ ପଡ଼ୁଛି। ଏହି ସମସ୍ୟାର ଶୀଘ୍ର ସମାଧାନ ପାଇଁ ଦାବି ହେଉଛି। ଭୁବନେଶ୍ୱର, ୧୬।୯ (ସମ୍ବାଦ ବ୍ୟୁରୋ): ବିଜୁ ପଟ୍ଟନାୟକ ଅନ୍ତର୍ଜାତୀୟ ବିମାନ ବନ୍ଦରରୁ ବିଦେଶକୁ ସିଧାସଳଖ ବିମାନ ସେବା ଏଯାଏଁ ଆରମ୍ଭ ହୋଇପାରିନାହିଁ। ଯାତ୍ରୀମାନଙ୍କୁ ଅନ୍ୟ ସହର ଦେଇ ଯିବାକୁ ପଡ଼ୁଛି। ଏହି ସମସ୍ୟାର ଶୀଘ୍ର ସମାଧାନ ପାଇଁ ଦାବି ହେଉଛି।
ଭୁବନେଶ୍ୱର, ୧୬।୯ (ସମ୍ବାଦ ବ୍ୟୁରୋ): ବିଜୁ ପଟ୍ଟନାୟକ ଅନ୍ତର୍ଜାତୀୟ ବିମାନ ବନ୍ଦରରୁ ବିଦେଶକୁ ସିଧାସଳଖ ବିମାନ ସେବା ଏଯାଏଁ ଆରମ୍ଭ ହୋଇପାରିନାହିଁ। ଯାତ୍ରୀମାନଙ୍କୁ ଅନ୍ୟ ସହର ଦେଇ ଯିବାକୁ ପଡ଼ୁଛି। ଏହି ସମସ୍ୟାର ଶୀଘ୍ର ସମାଧାନ ପାଇଁ ଦାବି ହେଉଛି। ଭୁବନେଶ୍ୱର, ୧୬।୯ (ସମ୍ବାଦ ବ୍ୟୁରୋ): ବିଜୁ ପଟ୍ଟନାୟକ ଅନ୍ତର୍ଜାତୀୟ ବିମାନ ବନ୍ଦରରୁ ବିଦେଶକୁ ସିଧାସଳଖ ବିମାନ ସେବା ଏଯାଏଁ ଆରମ୍ଭ ହୋଇପାରିନାହିଁ। ଯାତ୍ରୀମାନଙ୍କୁ ଅନ୍ୟ ସହର ଦେଇ ଯିବାକୁ ପଡ଼ୁଛି। ଏହି ସମସ୍ୟାର ଶୀଘ୍ର ସମାଧାନ ପାଇଁ ଦାବି ହେଉଛି। ଭୁବନେଶ୍ୱର, ୧୬।୯ (ସମ୍ବାଦ ବ୍ୟୁରୋ): ବିଜୁ ପଟ୍ଟନାୟକ ଅନ୍ତର୍ଜାତୀୟ ବିମାନ ବନ୍ଦରରୁ ବିଦେଶକୁ ସିଧାସଳଖ ବିମାନ ସେବା ଏଯାଏଁ ଆରମ୍ଭ ହୋଇପାରିନାହିଁ। ଯାତ୍ରୀମାନଙ୍କୁ ଅନ୍ୟ ସହର ଦେଇ ଯିବାକୁ ପଡ଼ୁଛି। ଏହି ସମସ୍ୟାର ଶୀଘ୍ର ସମାଧାନ ପାଇଁ ଦାବି ହେଉଛି। ଭୁବନେଶ୍ୱର, ୧୬।୯ (ସମ୍ବାଦ ବ୍ୟୁରୋ): ବିଜୁ ପଟ୍ଟନାୟକ ଅନ୍ତର୍ଜାତୀୟ ବିମାନ ବନ୍ଦରରୁ ବିଦେଶକୁ ସିଧାସଳଖ ବିମାନ ସେବା ଏଯାଏଁ ଆରମ୍ଭ ହୋଇପାରିନାହିଁ। ଯାତ୍ରୀମାନଙ୍କୁ ଅନ୍ୟ ସହର ଦେଇ ଯିବାକୁ ପଡ଼ୁଛି। ଏହି ସମସ୍ୟାର ଶୀଘ୍ର ସମାଧାନ ପାଇଁ ଦାବି ହେଉଛି। ଭୁବନେଶ୍ୱର, ୧୬।୯ (ସମ୍ବାଦ ବ୍ୟୁରୋ): ବିଜୁ ପଟ୍ଟନାୟକ ଅନ୍ତର୍ଜାତୀୟ ବିମାନ ବନ୍ଦରରୁ ବିଦେଶକୁ ସିଧାସଳଖ ବିମାନ ସେବା ଏଯାଏଁ ଆରମ୍ଭ ହୋଇପାରିନାହିଁ। ଯାତ୍ରୀମାନଙ୍କୁ ଅନ୍ୟ ସହର ଦେଇ ଯିବାକୁ ପଡ଼ୁଛି। ଏହି ସମସ୍ୟାର ଶୀଘ୍ର ସମାଧାନ ପାଇଁ ଦାବି ହେଉଛି। ଭୁବନେଶ୍ୱର, ୧୬।୯ (ସମ୍ବାଦ ବ୍ୟୁରୋ): ବିଜୁ ପଟ୍ଟନାୟକ ଅନ୍ତର୍ଜାତୀୟ ବିମାନ ବନ୍ଦରରୁ ବିଦେଶକୁ ସିଧାସଳଖ ବିମାନ ସେବା ଏଯାଏଁ ଆରମ୍ଭ ହୋଇପାରିନାହିଁ। ଯାତ୍ରୀମାନଙ୍କୁ ଅନ୍ୟ ସହର ଦେଇ ଯିବାକୁ ପଡ଼ୁଛି। ଏହି ସମସ୍ୟାର ଶୀଘ୍ର ସମାଧାନ ପାଇଁ ଦାବି ହେଉଛି।
ଭୁବନେଶ୍ୱର, ୧୬।୯ (ସମ୍ବାଦ ବ୍ୟୁରୋ): ବିଜୁ ପଟ୍ଟନାୟକ ଅନ୍ତର୍ଜାତୀୟ ବିମାନ ବନ୍ଦରରୁ ବିଦେଶକୁ ସିଧାସଳଖ ବିମାନ ସେବା ଏଯାଏଁ ଆରମ୍ଭ ହୋଇପାରିନାହିଁ। ଯାତ୍ରୀମାନଙ୍କୁ ଅନ୍ୟ ସହର ଦେଇ ଯିବାକୁ ପଡ଼ୁଛି। ଏହି ସମସ୍ୟାର ଶୀଘ୍ର ସମାଧାନ ପାଇଁ ଦାବି ହେଉଛି। ଭୁବନେଶ୍ୱର, ୧୬।୯ (ସମ୍ବାଦ ବ୍ୟୁରୋ): ବିଜୁ ପଟ୍ଟନାୟକ ଅନ୍ତର୍ଜାତୀୟ ବିମାନ ବନ୍ଦରରୁ ବିଦେଶକୁ ସିଧାସଳଖ ବିମାନ ସେବା ଏଯାଏଁ ଆରମ୍ଭ ହୋଇପାରିନାହିଁ। ଯାତ୍ରୀମାନଙ୍କୁ ଅନ୍ୟ ସହର ଦେଇ ଯିବାକୁ ପଡ଼ୁଛି। ଏହି ସମସ୍ୟାର ଶୀଘ୍ର ସମାଧାନ ପାଇଁ ଦାବି ହେଉଛି। ଭୁବନେଶ୍ୱର, ୧୬।୯ (ସମ୍ବାଦ ବ୍ୟୁରୋ): ବିଜୁ ପଟ୍ଟନାୟକ ଅନ୍ତର୍ଜାତୀୟ ବିମାନ ବନ୍ଦରରୁ ବିଦେଶକୁ ସିଧାସଳଖ ବିମାନ ସେବା ଏଯାଏଁ ଆରମ୍ଭ ହୋଇପାରିନାହିଁ। ଯାତ୍ରୀମାନଙ୍କୁ ଅନ୍ୟ ସହର ଦେଇ ଯିବାକୁ ପଡ଼ୁଛି। ଏହି ସମସ୍ୟାର ଶୀଘ୍ର ସମାଧାନ ପାଇଁ ଦାବି ହେଉଛି। ଭୁବନେଶ୍ୱର, ୧୬।୯ (ସମ୍ବାଦ ବ୍ୟୁରୋ): ବିଜୁ ପଟ୍ଟନାୟକ ଅନ୍ତର୍ଜାତୀୟ ବିମାନ ବନ୍ଦରରୁ ବିଦେଶକୁ ସିଧାସଳଖ ବିମାନ ସେବା ଏଯାଏଁ ଆରମ୍ଭ ହୋଇପାରିନାହିଁ। ଯାତ୍ରୀମାନଙ୍କୁ ଅନ୍ୟ ସହର ଦେଇ ଯିବାକୁ ପଡ଼ୁଛି। ଏହି ସମସ୍ୟାର ଶୀଘ୍ର ସମାଧାନ ପାଇଁ ଦାବି ହେଉଛି। ଭୁବନେଶ୍ୱର, ୧୬।୯ (ସମ୍ବାଦ ବ୍ୟୁରୋ): ବିଜୁ ପଟ୍ଟନାୟକ ଅନ୍ତର୍ଜାତୀୟ ବିମାନ ବନ୍ଦରରୁ ବିଦେଶକୁ ସିଧାସଳଖ ବିମାନ ସେବା ଏଯାଏଁ ଆରମ୍ଭ ହୋଇପାରିନାହିଁ। ଯାତ୍ରୀମାନଙ୍କୁ ଅନ୍ୟ ସହର ଦେଇ ଯିବାକୁ ପଡ଼ୁଛି। ଏହି ସମସ୍ୟାର ଶୀଘ୍ର ସମାଧାନ ପାଇଁ ଦାବି ହେଉଛି। ଭୁବନେଶ୍ୱର, ୧୬।୯ (ସମ୍ବାଦ ବ୍ୟୁରୋ): ବିଜୁ ପଟ୍ଟନାୟକ ଅନ୍ତର୍ଜାତୀୟ ବିମାନ ବନ୍ଦରରୁ ବିଦେଶକୁ ସିଧାସଳଖ ବିମାନ ସେବା ଏଯାଏଁ ଆରମ୍ଭ ହୋଇପାରିନାହିଁ। ଯାତ୍ରୀମାନଙ୍କୁ ଅନ୍ୟ ସହର ଦେଇ ଯିବାକୁ ପଡ଼ୁଛି। ଏହି ସମସ୍ୟାର ଶୀଘ୍ର ସମାଧାନ ପାଇଁ ଦାବି ହେଉଛି।
